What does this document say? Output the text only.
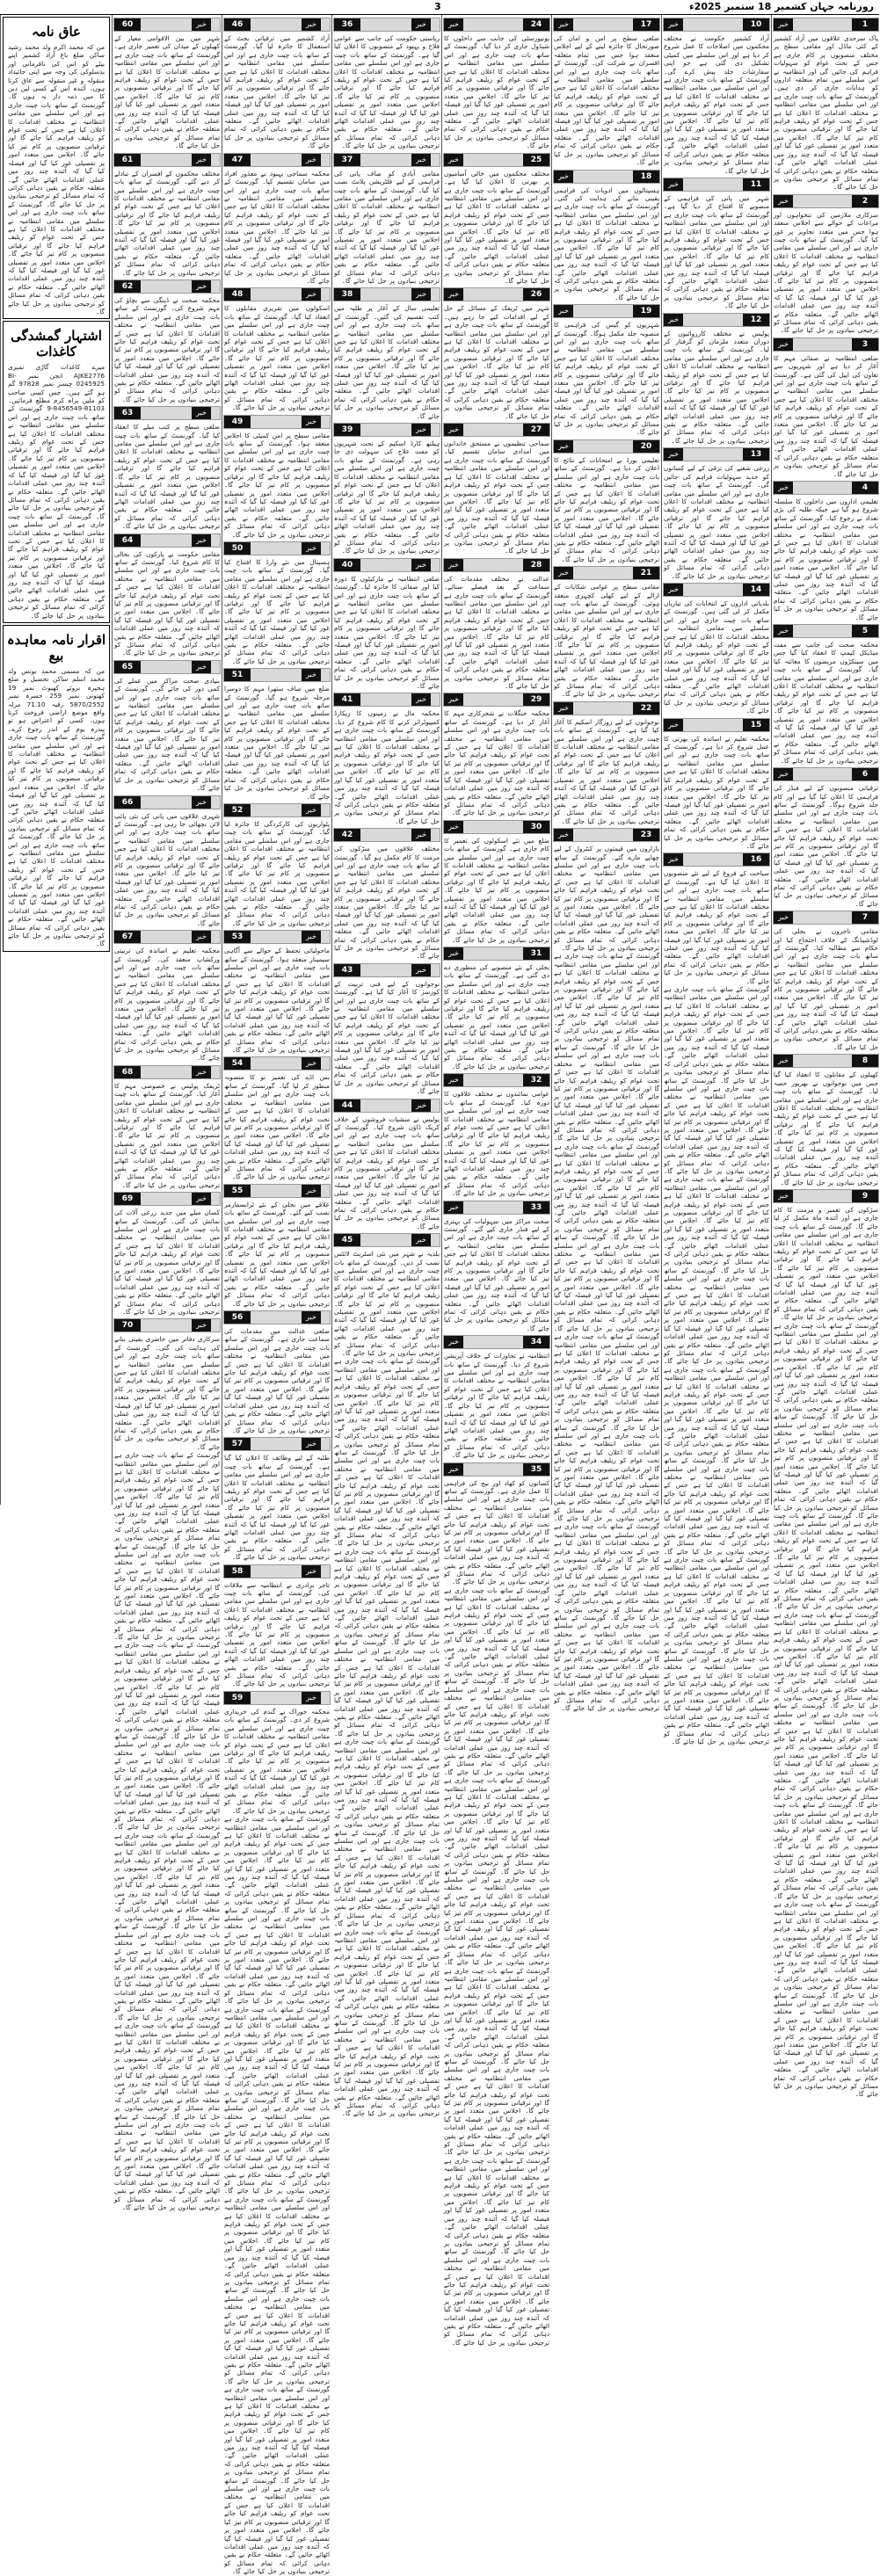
روزنامہ جہان کشمیر 18 ستمبر 2025ء
3
1
خبر
پاک سرحدی علاقوں میں آزاد کشمیر کے کئی ماڈل اور مقامی سطح پر مختلف منصوبوں پر کام جاری ہے جس کے تحت عوام کو سہولیات فراہم کی جائیں گی اور انتظامیہ نے اس سلسلے میں تمام متعلقہ اداروں کو ہدایات جاری کر دی ہیں۔ گورنمنٹ کے ساتھ بات چیت جاری ہے اور اس سلسلے میں مقامی انتظامیہ نے مختلف اقدامات کا اعلان کیا ہے جس کے تحت عوام کو ریلیف فراہم کیا جائے گا اور ترقیاتی منصوبوں پر کام تیز کیا جائے گا۔ اجلاس میں متعدد امور پر تفصیلی غور کیا گیا اور فیصلہ کیا گیا کہ آئندہ چند روز میں عملی اقدامات اٹھائے جائیں گے۔ متعلقہ حکام نے یقین دہانی کرائی کہ تمام مسائل کو ترجیحی بنیادوں پر حل کیا جائے گا۔
2
خبر
سرکاری ملازمین کی تنخواہوں اور مراعات کے حوالے سے اجلاس منعقد ہوا جس میں متعدد تجاویز پر غور کیا گیا۔ گورنمنٹ کے ساتھ بات چیت جاری ہے اور اس سلسلے میں مقامی انتظامیہ نے مختلف اقدامات کا اعلان کیا ہے جس کے تحت عوام کو ریلیف فراہم کیا جائے گا اور ترقیاتی منصوبوں پر کام تیز کیا جائے گا۔ اجلاس میں متعدد امور پر تفصیلی غور کیا گیا اور فیصلہ کیا گیا کہ آئندہ چند روز میں عملی اقدامات اٹھائے جائیں گے۔ متعلقہ حکام نے یقین دہانی کرائی کہ تمام مسائل کو ترجیحی بنیادوں پر حل کیا جائے گا۔
3
خبر
ضلعی انتظامیہ نے صفائی مہم کا آغاز کر دیا ہے اور شہریوں سے تعاون کی اپیل کی گئی ہے۔ گورنمنٹ کے ساتھ بات چیت جاری ہے اور اس سلسلے میں مقامی انتظامیہ نے مختلف اقدامات کا اعلان کیا ہے جس کے تحت عوام کو ریلیف فراہم کیا جائے گا اور ترقیاتی منصوبوں پر کام تیز کیا جائے گا۔ اجلاس میں متعدد امور پر تفصیلی غور کیا گیا اور فیصلہ کیا گیا کہ آئندہ چند روز میں عملی اقدامات اٹھائے جائیں گے۔ متعلقہ حکام نے یقین دہانی کرائی کہ تمام مسائل کو ترجیحی بنیادوں پر حل کیا جائے گا۔
4
خبر
تعلیمی اداروں میں داخلوں کا سلسلہ شروع ہو گیا ہے جبکہ طلبہ کی بڑی تعداد نے رجوع کیا۔ گورنمنٹ کے ساتھ بات چیت جاری ہے اور اس سلسلے میں مقامی انتظامیہ نے مختلف اقدامات کا اعلان کیا ہے جس کے تحت عوام کو ریلیف فراہم کیا جائے گا اور ترقیاتی منصوبوں پر کام تیز کیا جائے گا۔ اجلاس میں متعدد امور پر تفصیلی غور کیا گیا اور فیصلہ کیا گیا کہ آئندہ چند روز میں عملی اقدامات اٹھائے جائیں گے۔ متعلقہ حکام نے یقین دہانی کرائی کہ تمام مسائل کو ترجیحی بنیادوں پر حل کیا جائے گا۔
5
خبر
محکمہ صحت کی جانب سے مفت میڈیکل کیمپ کا انعقاد کیا گیا جس میں سینکڑوں مریضوں کا معائنہ کیا گیا۔ گورنمنٹ کے ساتھ بات چیت جاری ہے اور اس سلسلے میں مقامی انتظامیہ نے مختلف اقدامات کا اعلان کیا ہے جس کے تحت عوام کو ریلیف فراہم کیا جائے گا اور ترقیاتی منصوبوں پر کام تیز کیا جائے گا۔ اجلاس میں متعدد امور پر تفصیلی غور کیا گیا اور فیصلہ کیا گیا کہ آئندہ چند روز میں عملی اقدامات اٹھائے جائیں گے۔ متعلقہ حکام نے یقین دہانی کرائی کہ تمام مسائل کو ترجیحی بنیادوں پر حل کیا جائے گا۔
6
خبر
ترقیاتی منصوبوں کے لیے فنڈز کی فراہمی کا اعلان کیا گیا ہے اور کام جلد شروع ہوگا۔ گورنمنٹ کے ساتھ بات چیت جاری ہے اور اس سلسلے میں مقامی انتظامیہ نے مختلف اقدامات کا اعلان کیا ہے جس کے تحت عوام کو ریلیف فراہم کیا جائے گا اور ترقیاتی منصوبوں پر کام تیز کیا جائے گا۔ اجلاس میں متعدد امور پر تفصیلی غور کیا گیا اور فیصلہ کیا گیا کہ آئندہ چند روز میں عملی اقدامات اٹھائے جائیں گے۔ متعلقہ حکام نے یقین دہانی کرائی کہ تمام مسائل کو ترجیحی بنیادوں پر حل کیا جائے گا۔
7
خبر
مقامی تاجروں نے بجلی کی لوڈشیڈنگ کے خلاف احتجاج کیا اور حکام سے مطالبہ کیا۔ گورنمنٹ کے ساتھ بات چیت جاری ہے اور اس سلسلے میں مقامی انتظامیہ نے مختلف اقدامات کا اعلان کیا ہے جس کے تحت عوام کو ریلیف فراہم کیا جائے گا اور ترقیاتی منصوبوں پر کام تیز کیا جائے گا۔ اجلاس میں متعدد امور پر تفصیلی غور کیا گیا اور فیصلہ کیا گیا کہ آئندہ چند روز میں عملی اقدامات اٹھائے جائیں گے۔ متعلقہ حکام نے یقین دہانی کرائی کہ تمام مسائل کو ترجیحی بنیادوں پر حل کیا جائے گا۔
8
خبر
کھیلوں کے مقابلوں کا انعقاد کیا گیا جس میں نوجوانوں نے بھرپور حصہ لیا۔ گورنمنٹ کے ساتھ بات چیت جاری ہے اور اس سلسلے میں مقامی انتظامیہ نے مختلف اقدامات کا اعلان کیا ہے جس کے تحت عوام کو ریلیف فراہم کیا جائے گا اور ترقیاتی منصوبوں پر کام تیز کیا جائے گا۔ اجلاس میں متعدد امور پر تفصیلی غور کیا گیا اور فیصلہ کیا گیا کہ آئندہ چند روز میں عملی اقدامات اٹھائے جائیں گے۔ متعلقہ حکام نے یقین دہانی کرائی کہ تمام مسائل کو ترجیحی بنیادوں پر حل کیا جائے گا۔
9
خبر
سڑکوں کی تعمیر و مرمت کا کام جاری ہے اور آئندہ ماہ مکمل کر لیا جائے گا۔ گورنمنٹ کے ساتھ بات چیت جاری ہے اور اس سلسلے میں مقامی انتظامیہ نے مختلف اقدامات کا اعلان کیا ہے جس کے تحت عوام کو ریلیف فراہم کیا جائے گا اور ترقیاتی منصوبوں پر کام تیز کیا جائے گا۔ اجلاس میں متعدد امور پر تفصیلی غور کیا گیا اور فیصلہ کیا گیا کہ آئندہ چند روز میں عملی اقدامات اٹھائے جائیں گے۔ متعلقہ حکام نے یقین دہانی کرائی کہ تمام مسائل کو ترجیحی بنیادوں پر حل کیا جائے گا۔
گورنمنٹ کے ساتھ بات چیت جاری ہے اور اس سلسلے میں مقامی انتظامیہ نے مختلف اقدامات کا اعلان کیا ہے جس کے تحت عوام کو ریلیف فراہم کیا جائے گا اور ترقیاتی منصوبوں پر کام تیز کیا جائے گا۔ اجلاس میں متعدد امور پر تفصیلی غور کیا گیا اور فیصلہ کیا گیا کہ آئندہ چند روز میں عملی اقدامات اٹھائے جائیں گے۔ متعلقہ حکام نے یقین دہانی کرائی کہ تمام مسائل کو ترجیحی بنیادوں پر حل کیا جائے گا۔ گورنمنٹ کے ساتھ بات چیت جاری ہے اور اس سلسلے میں مقامی انتظامیہ نے مختلف اقدامات کا اعلان کیا ہے جس کے تحت عوام کو ریلیف فراہم کیا جائے گا اور ترقیاتی منصوبوں پر کام تیز کیا جائے گا۔ اجلاس میں متعدد امور پر تفصیلی غور کیا گیا اور فیصلہ کیا گیا کہ آئندہ چند روز میں عملی اقدامات اٹھائے جائیں گے۔ متعلقہ حکام نے یقین دہانی کرائی کہ تمام مسائل کو ترجیحی بنیادوں پر حل کیا جائے گا۔ گورنمنٹ کے ساتھ بات چیت جاری ہے اور اس سلسلے میں مقامی انتظامیہ نے مختلف اقدامات کا اعلان کیا ہے جس کے تحت عوام کو ریلیف فراہم کیا جائے گا اور ترقیاتی منصوبوں پر کام تیز کیا جائے گا۔ اجلاس میں متعدد امور پر تفصیلی غور کیا گیا اور فیصلہ کیا گیا کہ آئندہ چند روز میں عملی اقدامات اٹھائے جائیں گے۔ متعلقہ حکام نے یقین دہانی کرائی کہ تمام مسائل کو ترجیحی بنیادوں پر حل کیا جائے گا۔ گورنمنٹ کے ساتھ بات چیت جاری ہے اور اس سلسلے میں مقامی انتظامیہ نے مختلف اقدامات کا اعلان کیا ہے جس کے تحت عوام کو ریلیف فراہم کیا جائے گا اور ترقیاتی منصوبوں پر کام تیز کیا جائے گا۔ اجلاس میں متعدد امور پر تفصیلی غور کیا گیا اور فیصلہ کیا گیا کہ آئندہ چند روز میں عملی اقدامات اٹھائے جائیں گے۔ متعلقہ حکام نے یقین دہانی کرائی کہ تمام مسائل کو ترجیحی بنیادوں پر حل کیا جائے گا۔ گورنمنٹ کے ساتھ بات چیت جاری ہے اور اس سلسلے میں مقامی انتظامیہ نے مختلف اقدامات کا اعلان کیا ہے جس کے تحت عوام کو ریلیف فراہم کیا جائے گا اور ترقیاتی منصوبوں پر کام تیز کیا جائے گا۔ اجلاس میں متعدد امور پر تفصیلی غور کیا گیا اور فیصلہ کیا گیا کہ آئندہ چند روز میں عملی اقدامات اٹھائے جائیں گے۔ متعلقہ حکام نے یقین دہانی کرائی کہ تمام مسائل کو ترجیحی بنیادوں پر حل کیا جائے گا۔ گورنمنٹ کے ساتھ بات چیت جاری ہے اور اس سلسلے میں مقامی انتظامیہ نے مختلف اقدامات کا اعلان کیا ہے جس کے تحت عوام کو ریلیف فراہم کیا جائے گا اور ترقیاتی منصوبوں پر کام تیز کیا جائے گا۔ اجلاس میں متعدد امور پر تفصیلی غور کیا گیا اور فیصلہ کیا گیا کہ آئندہ چند روز میں عملی اقدامات اٹھائے جائیں گے۔ متعلقہ حکام نے یقین دہانی کرائی کہ تمام مسائل کو ترجیحی بنیادوں پر حل کیا جائے گا۔ گورنمنٹ کے ساتھ بات چیت جاری ہے اور اس سلسلے میں مقامی انتظامیہ نے مختلف اقدامات کا اعلان کیا ہے جس کے تحت عوام کو ریلیف فراہم کیا جائے گا اور ترقیاتی منصوبوں پر کام تیز کیا جائے گا۔ اجلاس میں متعدد امور پر تفصیلی غور کیا گیا اور فیصلہ کیا گیا کہ آئندہ چند روز میں عملی اقدامات اٹھائے جائیں گے۔ متعلقہ حکام نے یقین دہانی کرائی کہ تمام مسائل کو ترجیحی بنیادوں پر حل کیا جائے گا۔ گورنمنٹ کے ساتھ بات چیت جاری ہے اور اس سلسلے میں مقامی انتظامیہ نے مختلف اقدامات کا اعلان کیا ہے جس کے تحت عوام کو ریلیف فراہم کیا جائے گا اور ترقیاتی منصوبوں پر کام تیز کیا جائے گا۔ اجلاس میں متعدد امور پر تفصیلی غور کیا گیا اور فیصلہ کیا گیا کہ آئندہ چند روز میں عملی اقدامات اٹھائے جائیں گے۔ متعلقہ حکام نے یقین دہانی کرائی کہ تمام مسائل کو ترجیحی بنیادوں پر حل کیا جائے گا۔
10
خبر
آزاد کشمیر حکومت نے مختلف محکموں میں اصلاحات کا عمل شروع کر دیا ہے اور اس سلسلے میں کمیٹی تشکیل دی گئی ہے جو اپنی سفارشات جلد پیش کرے گی۔ گورنمنٹ کے ساتھ بات چیت جاری ہے اور اس سلسلے میں مقامی انتظامیہ نے مختلف اقدامات کا اعلان کیا ہے جس کے تحت عوام کو ریلیف فراہم کیا جائے گا اور ترقیاتی منصوبوں پر کام تیز کیا جائے گا۔ اجلاس میں متعدد امور پر تفصیلی غور کیا گیا اور فیصلہ کیا گیا کہ آئندہ چند روز میں عملی اقدامات اٹھائے جائیں گے۔ متعلقہ حکام نے یقین دہانی کرائی کہ تمام مسائل کو ترجیحی بنیادوں پر حل کیا جائے گا۔
11
خبر
شہر میں پانی کی فراہمی کے منصوبے کا افتتاح کر دیا گیا ہے۔ گورنمنٹ کے ساتھ بات چیت جاری ہے اور اس سلسلے میں مقامی انتظامیہ نے مختلف اقدامات کا اعلان کیا ہے جس کے تحت عوام کو ریلیف فراہم کیا جائے گا اور ترقیاتی منصوبوں پر کام تیز کیا جائے گا۔ اجلاس میں متعدد امور پر تفصیلی غور کیا گیا اور فیصلہ کیا گیا کہ آئندہ چند روز میں عملی اقدامات اٹھائے جائیں گے۔ متعلقہ حکام نے یقین دہانی کرائی کہ تمام مسائل کو ترجیحی بنیادوں پر حل کیا جائے گا۔
12
خبر
پولیس نے مختلف کارروائیوں کے دوران متعدد ملزمان کو گرفتار کر لیا۔ گورنمنٹ کے ساتھ بات چیت جاری ہے اور اس سلسلے میں مقامی انتظامیہ نے مختلف اقدامات کا اعلان کیا ہے جس کے تحت عوام کو ریلیف فراہم کیا جائے گا اور ترقیاتی منصوبوں پر کام تیز کیا جائے گا۔ اجلاس میں متعدد امور پر تفصیلی غور کیا گیا اور فیصلہ کیا گیا کہ آئندہ چند روز میں عملی اقدامات اٹھائے جائیں گے۔ متعلقہ حکام نے یقین دہانی کرائی کہ تمام مسائل کو ترجیحی بنیادوں پر حل کیا جائے گا۔
13
خبر
زرعی شعبے کی ترقی کے لیے کسانوں کو جدید سہولیات فراہم کی جائیں گی۔ گورنمنٹ کے ساتھ بات چیت جاری ہے اور اس سلسلے میں مقامی انتظامیہ نے مختلف اقدامات کا اعلان کیا ہے جس کے تحت عوام کو ریلیف فراہم کیا جائے گا اور ترقیاتی منصوبوں پر کام تیز کیا جائے گا۔ اجلاس میں متعدد امور پر تفصیلی غور کیا گیا اور فیصلہ کیا گیا کہ آئندہ چند روز میں عملی اقدامات اٹھائے جائیں گے۔ متعلقہ حکام نے یقین دہانی کرائی کہ تمام مسائل کو ترجیحی بنیادوں پر حل کیا جائے گا۔
14
خبر
بلدیاتی اداروں کے انتخابات کی تیاریاں مکمل کر لی گئی ہیں۔ گورنمنٹ کے ساتھ بات چیت جاری ہے اور اس سلسلے میں مقامی انتظامیہ نے مختلف اقدامات کا اعلان کیا ہے جس کے تحت عوام کو ریلیف فراہم کیا جائے گا اور ترقیاتی منصوبوں پر کام تیز کیا جائے گا۔ اجلاس میں متعدد امور پر تفصیلی غور کیا گیا اور فیصلہ کیا گیا کہ آئندہ چند روز میں عملی اقدامات اٹھائے جائیں گے۔ متعلقہ حکام نے یقین دہانی کرائی کہ تمام مسائل کو ترجیحی بنیادوں پر حل کیا جائے گا۔
15
خبر
محکمہ تعلیم نے اساتذہ کی بھرتی کا عمل شروع کر دیا ہے۔ گورنمنٹ کے ساتھ بات چیت جاری ہے اور اس سلسلے میں مقامی انتظامیہ نے مختلف اقدامات کا اعلان کیا ہے جس کے تحت عوام کو ریلیف فراہم کیا جائے گا اور ترقیاتی منصوبوں پر کام تیز کیا جائے گا۔ اجلاس میں متعدد امور پر تفصیلی غور کیا گیا اور فیصلہ کیا گیا کہ آئندہ چند روز میں عملی اقدامات اٹھائے جائیں گے۔ متعلقہ حکام نے یقین دہانی کرائی کہ تمام مسائل کو ترجیحی بنیادوں پر حل کیا جائے گا۔
16
خبر
سیاحت کے فروغ کے لیے نئے منصوبوں کا اعلان کیا گیا ہے۔ گورنمنٹ کے ساتھ بات چیت جاری ہے اور اس سلسلے میں مقامی انتظامیہ نے مختلف اقدامات کا اعلان کیا ہے جس کے تحت عوام کو ریلیف فراہم کیا جائے گا اور ترقیاتی منصوبوں پر کام تیز کیا جائے گا۔ اجلاس میں متعدد امور پر تفصیلی غور کیا گیا اور فیصلہ کیا گیا کہ آئندہ چند روز میں عملی اقدامات اٹھائے جائیں گے۔ متعلقہ حکام نے یقین دہانی کرائی کہ تمام مسائل کو ترجیحی بنیادوں پر حل کیا جائے گا۔
گورنمنٹ کے ساتھ بات چیت جاری ہے اور اس سلسلے میں مقامی انتظامیہ نے مختلف اقدامات کا اعلان کیا ہے جس کے تحت عوام کو ریلیف فراہم کیا جائے گا اور ترقیاتی منصوبوں پر کام تیز کیا جائے گا۔ اجلاس میں متعدد امور پر تفصیلی غور کیا گیا اور فیصلہ کیا گیا کہ آئندہ چند روز میں عملی اقدامات اٹھائے جائیں گے۔ متعلقہ حکام نے یقین دہانی کرائی کہ تمام مسائل کو ترجیحی بنیادوں پر حل کیا جائے گا۔ گورنمنٹ کے ساتھ بات چیت جاری ہے اور اس سلسلے میں مقامی انتظامیہ نے مختلف اقدامات کا اعلان کیا ہے جس کے تحت عوام کو ریلیف فراہم کیا جائے گا اور ترقیاتی منصوبوں پر کام تیز کیا جائے گا۔ اجلاس میں متعدد امور پر تفصیلی غور کیا گیا اور فیصلہ کیا گیا کہ آئندہ چند روز میں عملی اقدامات اٹھائے جائیں گے۔ متعلقہ حکام نے یقین دہانی کرائی کہ تمام مسائل کو ترجیحی بنیادوں پر حل کیا جائے گا۔ گورنمنٹ کے ساتھ بات چیت جاری ہے اور اس سلسلے میں مقامی انتظامیہ نے مختلف اقدامات کا اعلان کیا ہے جس کے تحت عوام کو ریلیف فراہم کیا جائے گا اور ترقیاتی منصوبوں پر کام تیز کیا جائے گا۔ اجلاس میں متعدد امور پر تفصیلی غور کیا گیا اور فیصلہ کیا گیا کہ آئندہ چند روز میں عملی اقدامات اٹھائے جائیں گے۔ متعلقہ حکام نے یقین دہانی کرائی کہ تمام مسائل کو ترجیحی بنیادوں پر حل کیا جائے گا۔ گورنمنٹ کے ساتھ بات چیت جاری ہے اور اس سلسلے میں مقامی انتظامیہ نے مختلف اقدامات کا اعلان کیا ہے جس کے تحت عوام کو ریلیف فراہم کیا جائے گا اور ترقیاتی منصوبوں پر کام تیز کیا جائے گا۔ اجلاس میں متعدد امور پر تفصیلی غور کیا گیا اور فیصلہ کیا گیا کہ آئندہ چند روز میں عملی اقدامات اٹھائے جائیں گے۔ متعلقہ حکام نے یقین دہانی کرائی کہ تمام مسائل کو ترجیحی بنیادوں پر حل کیا جائے گا۔ گورنمنٹ کے ساتھ بات چیت جاری ہے اور اس سلسلے میں مقامی انتظامیہ نے مختلف اقدامات کا اعلان کیا ہے جس کے تحت عوام کو ریلیف فراہم کیا جائے گا اور ترقیاتی منصوبوں پر کام تیز کیا جائے گا۔ اجلاس میں متعدد امور پر تفصیلی غور کیا گیا اور فیصلہ کیا گیا کہ آئندہ چند روز میں عملی اقدامات اٹھائے جائیں گے۔ متعلقہ حکام نے یقین دہانی کرائی کہ تمام مسائل کو ترجیحی بنیادوں پر حل کیا جائے گا۔ گورنمنٹ کے ساتھ بات چیت جاری ہے اور اس سلسلے میں مقامی انتظامیہ نے مختلف اقدامات کا اعلان کیا ہے جس کے تحت عوام کو ریلیف فراہم کیا جائے گا اور ترقیاتی منصوبوں پر کام تیز کیا جائے گا۔ اجلاس میں متعدد امور پر تفصیلی غور کیا گیا اور فیصلہ کیا گیا کہ آئندہ چند روز میں عملی اقدامات اٹھائے جائیں گے۔ متعلقہ حکام نے یقین دہانی کرائی کہ تمام مسائل کو ترجیحی بنیادوں پر حل کیا جائے گا۔ گورنمنٹ کے ساتھ بات چیت جاری ہے اور اس سلسلے میں مقامی انتظامیہ نے مختلف اقدامات کا اعلان کیا ہے جس کے تحت عوام کو ریلیف فراہم کیا جائے گا اور ترقیاتی منصوبوں پر کام تیز کیا جائے گا۔ اجلاس میں متعدد امور پر تفصیلی غور کیا گیا اور فیصلہ کیا گیا کہ آئندہ چند روز میں عملی اقدامات اٹھائے جائیں گے۔ متعلقہ حکام نے یقین دہانی کرائی کہ تمام مسائل کو ترجیحی بنیادوں پر حل کیا جائے گا۔ گورنمنٹ کے ساتھ بات چیت جاری ہے اور اس سلسلے میں مقامی انتظامیہ نے مختلف اقدامات کا اعلان کیا ہے جس کے تحت عوام کو ریلیف فراہم کیا جائے گا اور ترقیاتی منصوبوں پر کام تیز کیا جائے گا۔ اجلاس میں متعدد امور پر تفصیلی غور کیا گیا اور فیصلہ کیا گیا کہ آئندہ چند روز میں عملی اقدامات اٹھائے جائیں گے۔ متعلقہ حکام نے یقین دہانی کرائی کہ تمام مسائل کو ترجیحی بنیادوں پر حل کیا جائے گا۔
17
خبر
ضلعی سطح پر امن و امان کی صورتحال کا جائزہ لینے کے لیے اجلاس منعقد ہوا جس میں تمام متعلقہ افسران نے شرکت کی۔ گورنمنٹ کے ساتھ بات چیت جاری ہے اور اس سلسلے میں مقامی انتظامیہ نے مختلف اقدامات کا اعلان کیا ہے جس کے تحت عوام کو ریلیف فراہم کیا جائے گا اور ترقیاتی منصوبوں پر کام تیز کیا جائے گا۔ اجلاس میں متعدد امور پر تفصیلی غور کیا گیا اور فیصلہ کیا گیا کہ آئندہ چند روز میں عملی اقدامات اٹھائے جائیں گے۔ متعلقہ حکام نے یقین دہانی کرائی کہ تمام مسائل کو ترجیحی بنیادوں پر حل کیا جائے گا۔
18
خبر
ہسپتالوں میں ادویات کی فراہمی یقینی بنانے کی ہدایت کی گئی۔ گورنمنٹ کے ساتھ بات چیت جاری ہے اور اس سلسلے میں مقامی انتظامیہ نے مختلف اقدامات کا اعلان کیا ہے جس کے تحت عوام کو ریلیف فراہم کیا جائے گا اور ترقیاتی منصوبوں پر کام تیز کیا جائے گا۔ اجلاس میں متعدد امور پر تفصیلی غور کیا گیا اور فیصلہ کیا گیا کہ آئندہ چند روز میں عملی اقدامات اٹھائے جائیں گے۔ متعلقہ حکام نے یقین دہانی کرائی کہ تمام مسائل کو ترجیحی بنیادوں پر حل کیا جائے گا۔
19
خبر
شہریوں کو گیس کی فراہمی کا منصوبہ جلد مکمل ہوگا۔ گورنمنٹ کے ساتھ بات چیت جاری ہے اور اس سلسلے میں مقامی انتظامیہ نے مختلف اقدامات کا اعلان کیا ہے جس کے تحت عوام کو ریلیف فراہم کیا جائے گا اور ترقیاتی منصوبوں پر کام تیز کیا جائے گا۔ اجلاس میں متعدد امور پر تفصیلی غور کیا گیا اور فیصلہ کیا گیا کہ آئندہ چند روز میں عملی اقدامات اٹھائے جائیں گے۔ متعلقہ حکام نے یقین دہانی کرائی کہ تمام مسائل کو ترجیحی بنیادوں پر حل کیا جائے گا۔
20
خبر
تعلیمی بورڈ نے امتحانات کے نتائج کا اعلان کر دیا ہے۔ گورنمنٹ کے ساتھ بات چیت جاری ہے اور اس سلسلے میں مقامی انتظامیہ نے مختلف اقدامات کا اعلان کیا ہے جس کے تحت عوام کو ریلیف فراہم کیا جائے گا اور ترقیاتی منصوبوں پر کام تیز کیا جائے گا۔ اجلاس میں متعدد امور پر تفصیلی غور کیا گیا اور فیصلہ کیا گیا کہ آئندہ چند روز میں عملی اقدامات اٹھائے جائیں گے۔ متعلقہ حکام نے یقین دہانی کرائی کہ تمام مسائل کو ترجیحی بنیادوں پر حل کیا جائے گا۔
21
خبر
مقامی سطح پر عوامی شکایات کے ازالے کے لیے کھلی کچہری منعقد ہوئی۔ گورنمنٹ کے ساتھ بات چیت جاری ہے اور اس سلسلے میں مقامی انتظامیہ نے مختلف اقدامات کا اعلان کیا ہے جس کے تحت عوام کو ریلیف فراہم کیا جائے گا اور ترقیاتی منصوبوں پر کام تیز کیا جائے گا۔ اجلاس میں متعدد امور پر تفصیلی غور کیا گیا اور فیصلہ کیا گیا کہ آئندہ چند روز میں عملی اقدامات اٹھائے جائیں گے۔ متعلقہ حکام نے یقین دہانی کرائی کہ تمام مسائل کو ترجیحی بنیادوں پر حل کیا جائے گا۔
22
خبر
نوجوانوں کے لیے روزگار اسکیم کا آغاز کیا گیا ہے۔ گورنمنٹ کے ساتھ بات چیت جاری ہے اور اس سلسلے میں مقامی انتظامیہ نے مختلف اقدامات کا اعلان کیا ہے جس کے تحت عوام کو ریلیف فراہم کیا جائے گا اور ترقیاتی منصوبوں پر کام تیز کیا جائے گا۔ اجلاس میں متعدد امور پر تفصیلی غور کیا گیا اور فیصلہ کیا گیا کہ آئندہ چند روز میں عملی اقدامات اٹھائے جائیں گے۔ متعلقہ حکام نے یقین دہانی کرائی کہ تمام مسائل کو ترجیحی بنیادوں پر حل کیا جائے گا۔
23
خبر
بازاروں میں قیمتوں پر کنٹرول کے لیے چھاپے مارے گئے۔ گورنمنٹ کے ساتھ بات چیت جاری ہے اور اس سلسلے میں مقامی انتظامیہ نے مختلف اقدامات کا اعلان کیا ہے جس کے تحت عوام کو ریلیف فراہم کیا جائے گا اور ترقیاتی منصوبوں پر کام تیز کیا جائے گا۔ اجلاس میں متعدد امور پر تفصیلی غور کیا گیا اور فیصلہ کیا گیا کہ آئندہ چند روز میں عملی اقدامات اٹھائے جائیں گے۔ متعلقہ حکام نے یقین دہانی کرائی کہ تمام مسائل کو ترجیحی بنیادوں پر حل کیا جائے گا۔
گورنمنٹ کے ساتھ بات چیت جاری ہے اور اس سلسلے میں مقامی انتظامیہ نے مختلف اقدامات کا اعلان کیا ہے جس کے تحت عوام کو ریلیف فراہم کیا جائے گا اور ترقیاتی منصوبوں پر کام تیز کیا جائے گا۔ اجلاس میں متعدد امور پر تفصیلی غور کیا گیا اور فیصلہ کیا گیا کہ آئندہ چند روز میں عملی اقدامات اٹھائے جائیں گے۔ متعلقہ حکام نے یقین دہانی کرائی کہ تمام مسائل کو ترجیحی بنیادوں پر حل کیا جائے گا۔ گورنمنٹ کے ساتھ بات چیت جاری ہے اور اس سلسلے میں مقامی انتظامیہ نے مختلف اقدامات کا اعلان کیا ہے جس کے تحت عوام کو ریلیف فراہم کیا جائے گا اور ترقیاتی منصوبوں پر کام تیز کیا جائے گا۔ اجلاس میں متعدد امور پر تفصیلی غور کیا گیا اور فیصلہ کیا گیا کہ آئندہ چند روز میں عملی اقدامات اٹھائے جائیں گے۔ متعلقہ حکام نے یقین دہانی کرائی کہ تمام مسائل کو ترجیحی بنیادوں پر حل کیا جائے گا۔ گورنمنٹ کے ساتھ بات چیت جاری ہے اور اس سلسلے میں مقامی انتظامیہ نے مختلف اقدامات کا اعلان کیا ہے جس کے تحت عوام کو ریلیف فراہم کیا جائے گا اور ترقیاتی منصوبوں پر کام تیز کیا جائے گا۔ اجلاس میں متعدد امور پر تفصیلی غور کیا گیا اور فیصلہ کیا گیا کہ آئندہ چند روز میں عملی اقدامات اٹھائے جائیں گے۔ متعلقہ حکام نے یقین دہانی کرائی کہ تمام مسائل کو ترجیحی بنیادوں پر حل کیا جائے گا۔ گورنمنٹ کے ساتھ بات چیت جاری ہے اور اس سلسلے میں مقامی انتظامیہ نے مختلف اقدامات کا اعلان کیا ہے جس کے تحت عوام کو ریلیف فراہم کیا جائے گا اور ترقیاتی منصوبوں پر کام تیز کیا جائے گا۔ اجلاس میں متعدد امور پر تفصیلی غور کیا گیا اور فیصلہ کیا گیا کہ آئندہ چند روز میں عملی اقدامات اٹھائے جائیں گے۔ متعلقہ حکام نے یقین دہانی کرائی کہ تمام مسائل کو ترجیحی بنیادوں پر حل کیا جائے گا۔ گورنمنٹ کے ساتھ بات چیت جاری ہے اور اس سلسلے میں مقامی انتظامیہ نے مختلف اقدامات کا اعلان کیا ہے جس کے تحت عوام کو ریلیف فراہم کیا جائے گا اور ترقیاتی منصوبوں پر کام تیز کیا جائے گا۔ اجلاس میں متعدد امور پر تفصیلی غور کیا گیا اور فیصلہ کیا گیا کہ آئندہ چند روز میں عملی اقدامات اٹھائے جائیں گے۔ متعلقہ حکام نے یقین دہانی کرائی کہ تمام مسائل کو ترجیحی بنیادوں پر حل کیا جائے گا۔ گورنمنٹ کے ساتھ بات چیت جاری ہے اور اس سلسلے میں مقامی انتظامیہ نے مختلف اقدامات کا اعلان کیا ہے جس کے تحت عوام کو ریلیف فراہم کیا جائے گا اور ترقیاتی منصوبوں پر کام تیز کیا جائے گا۔ اجلاس میں متعدد امور پر تفصیلی غور کیا گیا اور فیصلہ کیا گیا کہ آئندہ چند روز میں عملی اقدامات اٹھائے جائیں گے۔ متعلقہ حکام نے یقین دہانی کرائی کہ تمام مسائل کو ترجیحی بنیادوں پر حل کیا جائے گا۔ گورنمنٹ کے ساتھ بات چیت جاری ہے اور اس سلسلے میں مقامی انتظامیہ نے مختلف اقدامات کا اعلان کیا ہے جس کے تحت عوام کو ریلیف فراہم کیا جائے گا اور ترقیاتی منصوبوں پر کام تیز کیا جائے گا۔ اجلاس میں متعدد امور پر تفصیلی غور کیا گیا اور فیصلہ کیا گیا کہ آئندہ چند روز میں عملی اقدامات اٹھائے جائیں گے۔ متعلقہ حکام نے یقین دہانی کرائی کہ تمام مسائل کو ترجیحی بنیادوں پر حل کیا جائے گا۔ گورنمنٹ کے ساتھ بات چیت جاری ہے اور اس سلسلے میں مقامی انتظامیہ نے مختلف اقدامات کا اعلان کیا ہے جس کے تحت عوام کو ریلیف فراہم کیا جائے گا اور ترقیاتی منصوبوں پر کام تیز کیا جائے گا۔ اجلاس میں متعدد امور پر تفصیلی غور کیا گیا اور فیصلہ کیا گیا کہ آئندہ چند روز میں عملی اقدامات اٹھائے جائیں گے۔ متعلقہ حکام نے یقین دہانی کرائی کہ تمام مسائل کو ترجیحی بنیادوں پر حل کیا جائے گا۔
24
خبر
یونیورسٹی کی جانب سے داخلوں کا شیڈول جاری کر دیا گیا۔ گورنمنٹ کے ساتھ بات چیت جاری ہے اور اس سلسلے میں مقامی انتظامیہ نے مختلف اقدامات کا اعلان کیا ہے جس کے تحت عوام کو ریلیف فراہم کیا جائے گا اور ترقیاتی منصوبوں پر کام تیز کیا جائے گا۔ اجلاس میں متعدد امور پر تفصیلی غور کیا گیا اور فیصلہ کیا گیا کہ آئندہ چند روز میں عملی اقدامات اٹھائے جائیں گے۔ متعلقہ حکام نے یقین دہانی کرائی کہ تمام مسائل کو ترجیحی بنیادوں پر حل کیا جائے گا۔
25
خبر
مختلف محکموں میں خالی آسامیوں پر بھرتی کا اعلان کیا گیا ہے۔ گورنمنٹ کے ساتھ بات چیت جاری ہے اور اس سلسلے میں مقامی انتظامیہ نے مختلف اقدامات کا اعلان کیا ہے جس کے تحت عوام کو ریلیف فراہم کیا جائے گا اور ترقیاتی منصوبوں پر کام تیز کیا جائے گا۔ اجلاس میں متعدد امور پر تفصیلی غور کیا گیا اور فیصلہ کیا گیا کہ آئندہ چند روز میں عملی اقدامات اٹھائے جائیں گے۔ متعلقہ حکام نے یقین دہانی کرائی کہ تمام مسائل کو ترجیحی بنیادوں پر حل کیا جائے گا۔
26
خبر
شہر میں ٹریفک کے مسائل کے حل کے لیے اقدامات کیے جا رہے ہیں۔ گورنمنٹ کے ساتھ بات چیت جاری ہے اور اس سلسلے میں مقامی انتظامیہ نے مختلف اقدامات کا اعلان کیا ہے جس کے تحت عوام کو ریلیف فراہم کیا جائے گا اور ترقیاتی منصوبوں پر کام تیز کیا جائے گا۔ اجلاس میں متعدد امور پر تفصیلی غور کیا گیا اور فیصلہ کیا گیا کہ آئندہ چند روز میں عملی اقدامات اٹھائے جائیں گے۔ متعلقہ حکام نے یقین دہانی کرائی کہ تمام مسائل کو ترجیحی بنیادوں پر حل کیا جائے گا۔
27
خبر
سماجی تنظیموں نے مستحق خاندانوں میں امدادی سامان تقسیم کیا۔ گورنمنٹ کے ساتھ بات چیت جاری ہے اور اس سلسلے میں مقامی انتظامیہ نے مختلف اقدامات کا اعلان کیا ہے جس کے تحت عوام کو ریلیف فراہم کیا جائے گا اور ترقیاتی منصوبوں پر کام تیز کیا جائے گا۔ اجلاس میں متعدد امور پر تفصیلی غور کیا گیا اور فیصلہ کیا گیا کہ آئندہ چند روز میں عملی اقدامات اٹھائے جائیں گے۔ متعلقہ حکام نے یقین دہانی کرائی کہ تمام مسائل کو ترجیحی بنیادوں پر حل کیا جائے گا۔
28
خبر
عدالت نے مختلف مقدمات کی سماعت کے بعد فیصلے سنائے۔ گورنمنٹ کے ساتھ بات چیت جاری ہے اور اس سلسلے میں مقامی انتظامیہ نے مختلف اقدامات کا اعلان کیا ہے جس کے تحت عوام کو ریلیف فراہم کیا جائے گا اور ترقیاتی منصوبوں پر کام تیز کیا جائے گا۔ اجلاس میں متعدد امور پر تفصیلی غور کیا گیا اور فیصلہ کیا گیا کہ آئندہ چند روز میں عملی اقدامات اٹھائے جائیں گے۔ متعلقہ حکام نے یقین دہانی کرائی کہ تمام مسائل کو ترجیحی بنیادوں پر حل کیا جائے گا۔
29
خبر
محکمہ جنگلات نے شجرکاری مہم کا آغاز کر دیا ہے۔ گورنمنٹ کے ساتھ بات چیت جاری ہے اور اس سلسلے میں مقامی انتظامیہ نے مختلف اقدامات کا اعلان کیا ہے جس کے تحت عوام کو ریلیف فراہم کیا جائے گا اور ترقیاتی منصوبوں پر کام تیز کیا جائے گا۔ اجلاس میں متعدد امور پر تفصیلی غور کیا گیا اور فیصلہ کیا گیا کہ آئندہ چند روز میں عملی اقدامات اٹھائے جائیں گے۔ متعلقہ حکام نے یقین دہانی کرائی کہ تمام مسائل کو ترجیحی بنیادوں پر حل کیا جائے گا۔
30
خبر
ضلع میں نئے اسکولوں کی تعمیر کا کام جاری ہے۔ گورنمنٹ کے ساتھ بات چیت جاری ہے اور اس سلسلے میں مقامی انتظامیہ نے مختلف اقدامات کا اعلان کیا ہے جس کے تحت عوام کو ریلیف فراہم کیا جائے گا اور ترقیاتی منصوبوں پر کام تیز کیا جائے گا۔ اجلاس میں متعدد امور پر تفصیلی غور کیا گیا اور فیصلہ کیا گیا کہ آئندہ چند روز میں عملی اقدامات اٹھائے جائیں گے۔ متعلقہ حکام نے یقین دہانی کرائی کہ تمام مسائل کو ترجیحی بنیادوں پر حل کیا جائے گا۔
31
خبر
بجلی کے نئے منصوبے کی منظوری دے دی گئی ہے۔ گورنمنٹ کے ساتھ بات چیت جاری ہے اور اس سلسلے میں مقامی انتظامیہ نے مختلف اقدامات کا اعلان کیا ہے جس کے تحت عوام کو ریلیف فراہم کیا جائے گا اور ترقیاتی منصوبوں پر کام تیز کیا جائے گا۔ اجلاس میں متعدد امور پر تفصیلی غور کیا گیا اور فیصلہ کیا گیا کہ آئندہ چند روز میں عملی اقدامات اٹھائے جائیں گے۔ متعلقہ حکام نے یقین دہانی کرائی کہ تمام مسائل کو ترجیحی بنیادوں پر حل کیا جائے گا۔
32
خبر
عوامی نمائندوں نے مختلف علاقوں کا دورہ کیا۔ گورنمنٹ کے ساتھ بات چیت جاری ہے اور اس سلسلے میں مقامی انتظامیہ نے مختلف اقدامات کا اعلان کیا ہے جس کے تحت عوام کو ریلیف فراہم کیا جائے گا اور ترقیاتی منصوبوں پر کام تیز کیا جائے گا۔ اجلاس میں متعدد امور پر تفصیلی غور کیا گیا اور فیصلہ کیا گیا کہ آئندہ چند روز میں عملی اقدامات اٹھائے جائیں گے۔ متعلقہ حکام نے یقین دہانی کرائی کہ تمام مسائل کو ترجیحی بنیادوں پر حل کیا جائے گا۔
33
خبر
صحت مراکز میں سہولیات کی بہتری کے لیے فنڈز جاری کیے گئے۔ گورنمنٹ کے ساتھ بات چیت جاری ہے اور اس سلسلے میں مقامی انتظامیہ نے مختلف اقدامات کا اعلان کیا ہے جس کے تحت عوام کو ریلیف فراہم کیا جائے گا اور ترقیاتی منصوبوں پر کام تیز کیا جائے گا۔ اجلاس میں متعدد امور پر تفصیلی غور کیا گیا اور فیصلہ کیا گیا کہ آئندہ چند روز میں عملی اقدامات اٹھائے جائیں گے۔ متعلقہ حکام نے یقین دہانی کرائی کہ تمام مسائل کو ترجیحی بنیادوں پر حل کیا جائے گا۔
34
خبر
انتظامیہ نے تجاوزات کے خلاف آپریشن شروع کر دیا۔ گورنمنٹ کے ساتھ بات چیت جاری ہے اور اس سلسلے میں مقامی انتظامیہ نے مختلف اقدامات کا اعلان کیا ہے جس کے تحت عوام کو ریلیف فراہم کیا جائے گا اور ترقیاتی منصوبوں پر کام تیز کیا جائے گا۔ اجلاس میں متعدد امور پر تفصیلی غور کیا گیا اور فیصلہ کیا گیا کہ آئندہ چند روز میں عملی اقدامات اٹھائے جائیں گے۔ متعلقہ حکام نے یقین دہانی کرائی کہ تمام مسائل کو ترجیحی بنیادوں پر حل کیا جائے گا۔
35
خبر
کسانوں کو کھاد اور بیج کی فراہمی کا عمل جاری ہے۔ گورنمنٹ کے ساتھ بات چیت جاری ہے اور اس سلسلے میں مقامی انتظامیہ نے مختلف اقدامات کا اعلان کیا ہے جس کے تحت عوام کو ریلیف فراہم کیا جائے گا اور ترقیاتی منصوبوں پر کام تیز کیا جائے گا۔ اجلاس میں متعدد امور پر تفصیلی غور کیا گیا اور فیصلہ کیا گیا کہ آئندہ چند روز میں عملی اقدامات اٹھائے جائیں گے۔ متعلقہ حکام نے یقین دہانی کرائی کہ تمام مسائل کو ترجیحی بنیادوں پر حل کیا جائے گا۔
گورنمنٹ کے ساتھ بات چیت جاری ہے اور اس سلسلے میں مقامی انتظامیہ نے مختلف اقدامات کا اعلان کیا ہے جس کے تحت عوام کو ریلیف فراہم کیا جائے گا اور ترقیاتی منصوبوں پر کام تیز کیا جائے گا۔ اجلاس میں متعدد امور پر تفصیلی غور کیا گیا اور فیصلہ کیا گیا کہ آئندہ چند روز میں عملی اقدامات اٹھائے جائیں گے۔ متعلقہ حکام نے یقین دہانی کرائی کہ تمام مسائل کو ترجیحی بنیادوں پر حل کیا جائے گا۔ گورنمنٹ کے ساتھ بات چیت جاری ہے اور اس سلسلے میں مقامی انتظامیہ نے مختلف اقدامات کا اعلان کیا ہے جس کے تحت عوام کو ریلیف فراہم کیا جائے گا اور ترقیاتی منصوبوں پر کام تیز کیا جائے گا۔ اجلاس میں متعدد امور پر تفصیلی غور کیا گیا اور فیصلہ کیا گیا کہ آئندہ چند روز میں عملی اقدامات اٹھائے جائیں گے۔ متعلقہ حکام نے یقین دہانی کرائی کہ تمام مسائل کو ترجیحی بنیادوں پر حل کیا جائے گا۔ گورنمنٹ کے ساتھ بات چیت جاری ہے اور اس سلسلے میں مقامی انتظامیہ نے مختلف اقدامات کا اعلان کیا ہے جس کے تحت عوام کو ریلیف فراہم کیا جائے گا اور ترقیاتی منصوبوں پر کام تیز کیا جائے گا۔ اجلاس میں متعدد امور پر تفصیلی غور کیا گیا اور فیصلہ کیا گیا کہ آئندہ چند روز میں عملی اقدامات اٹھائے جائیں گے۔ متعلقہ حکام نے یقین دہانی کرائی کہ تمام مسائل کو ترجیحی بنیادوں پر حل کیا جائے گا۔ گورنمنٹ کے ساتھ بات چیت جاری ہے اور اس سلسلے میں مقامی انتظامیہ نے مختلف اقدامات کا اعلان کیا ہے جس کے تحت عوام کو ریلیف فراہم کیا جائے گا اور ترقیاتی منصوبوں پر کام تیز کیا جائے گا۔ اجلاس میں متعدد امور پر تفصیلی غور کیا گیا اور فیصلہ کیا گیا کہ آئندہ چند روز میں عملی اقدامات اٹھائے جائیں گے۔ متعلقہ حکام نے یقین دہانی کرائی کہ تمام مسائل کو ترجیحی بنیادوں پر حل کیا جائے گا۔ گورنمنٹ کے ساتھ بات چیت جاری ہے اور اس سلسلے میں مقامی انتظامیہ نے مختلف اقدامات کا اعلان کیا ہے جس کے تحت عوام کو ریلیف فراہم کیا جائے گا اور ترقیاتی منصوبوں پر کام تیز کیا جائے گا۔ اجلاس میں متعدد امور پر تفصیلی غور کیا گیا اور فیصلہ کیا گیا کہ آئندہ چند روز میں عملی اقدامات اٹھائے جائیں گے۔ متعلقہ حکام نے یقین دہانی کرائی کہ تمام مسائل کو ترجیحی بنیادوں پر حل کیا جائے گا۔ گورنمنٹ کے ساتھ بات چیت جاری ہے اور اس سلسلے میں مقامی انتظامیہ نے مختلف اقدامات کا اعلان کیا ہے جس کے تحت عوام کو ریلیف فراہم کیا جائے گا اور ترقیاتی منصوبوں پر کام تیز کیا جائے گا۔ اجلاس میں متعدد امور پر تفصیلی غور کیا گیا اور فیصلہ کیا گیا کہ آئندہ چند روز میں عملی اقدامات اٹھائے جائیں گے۔ متعلقہ حکام نے یقین دہانی کرائی کہ تمام مسائل کو ترجیحی بنیادوں پر حل کیا جائے گا۔ گورنمنٹ کے ساتھ بات چیت جاری ہے اور اس سلسلے میں مقامی انتظامیہ نے مختلف اقدامات کا اعلان کیا ہے جس کے تحت عوام کو ریلیف فراہم کیا جائے گا اور ترقیاتی منصوبوں پر کام تیز کیا جائے گا۔ اجلاس میں متعدد امور پر تفصیلی غور کیا گیا اور فیصلہ کیا گیا کہ آئندہ چند روز میں عملی اقدامات اٹھائے جائیں گے۔ متعلقہ حکام نے یقین دہانی کرائی کہ تمام مسائل کو ترجیحی بنیادوں پر حل کیا جائے گا۔ گورنمنٹ کے ساتھ بات چیت جاری ہے اور اس سلسلے میں مقامی انتظامیہ نے مختلف اقدامات کا اعلان کیا ہے جس کے تحت عوام کو ریلیف فراہم کیا جائے گا اور ترقیاتی منصوبوں پر کام تیز کیا جائے گا۔ اجلاس میں متعدد امور پر تفصیلی غور کیا گیا اور فیصلہ کیا گیا کہ آئندہ چند روز میں عملی اقدامات اٹھائے جائیں گے۔ متعلقہ حکام نے یقین دہانی کرائی کہ تمام مسائل کو ترجیحی بنیادوں پر حل کیا جائے گا۔
36	خبر
ریاستی حکومت کی جانب سے عوامی فلاح و بہبود کے منصوبوں کا اعلان کیا گیا ہے۔ گورنمنٹ کے ساتھ بات چیت جاری ہے اور اس سلسلے میں مقامی انتظامیہ نے مختلف اقدامات کا اعلان کیا ہے جس کے تحت عوام کو ریلیف فراہم کیا جائے گا اور ترقیاتی منصوبوں پر کام تیز کیا جائے گا۔ اجلاس میں متعدد امور پر تفصیلی غور کیا گیا اور فیصلہ کیا گیا کہ آئندہ چند روز میں عملی اقدامات اٹھائے جائیں گے۔ متعلقہ حکام نے یقین دہانی کرائی کہ تمام مسائل کو ترجیحی بنیادوں پر حل کیا جائے گا۔
37	خبر
مقامی آبادی کو صاف پانی کی فراہمی کے لیے فلٹریشن پلانٹ نصب کیا گیا۔ گورنمنٹ کے ساتھ بات چیت جاری ہے اور اس سلسلے میں مقامی انتظامیہ نے مختلف اقدامات کا اعلان کیا ہے جس کے تحت عوام کو ریلیف فراہم کیا جائے گا اور ترقیاتی منصوبوں پر کام تیز کیا جائے گا۔ اجلاس میں متعدد امور پر تفصیلی غور کیا گیا اور فیصلہ کیا گیا کہ آئندہ چند روز میں عملی اقدامات اٹھائے جائیں گے۔ متعلقہ حکام نے یقین دہانی کرائی کہ تمام مسائل کو ترجیحی بنیادوں پر حل کیا جائے گا۔
38	خبر
تعلیمی سال کے آغاز پر طلبہ میں کتب تقسیم کی گئیں۔ گورنمنٹ کے ساتھ بات چیت جاری ہے اور اس سلسلے میں مقامی انتظامیہ نے مختلف اقدامات کا اعلان کیا ہے جس کے تحت عوام کو ریلیف فراہم کیا جائے گا اور ترقیاتی منصوبوں پر کام تیز کیا جائے گا۔ اجلاس میں متعدد امور پر تفصیلی غور کیا گیا اور فیصلہ کیا گیا کہ آئندہ چند روز میں عملی اقدامات اٹھائے جائیں گے۔ متعلقہ حکام نے یقین دہانی کرائی کہ تمام مسائل کو ترجیحی بنیادوں پر حل کیا جائے گا۔
39	خبر
ہیلتھ کارڈ اسکیم کے تحت شہریوں کو مفت علاج کی سہولت دی جا رہی ہے۔ گورنمنٹ کے ساتھ بات چیت جاری ہے اور اس سلسلے میں مقامی انتظامیہ نے مختلف اقدامات کا اعلان کیا ہے جس کے تحت عوام کو ریلیف فراہم کیا جائے گا اور ترقیاتی منصوبوں پر کام تیز کیا جائے گا۔ اجلاس میں متعدد امور پر تفصیلی غور کیا گیا اور فیصلہ کیا گیا کہ آئندہ چند روز میں عملی اقدامات اٹھائے جائیں گے۔ متعلقہ حکام نے یقین دہانی کرائی کہ تمام مسائل کو ترجیحی بنیادوں پر حل کیا جائے گا۔
40	خبر
ضلعی انتظامیہ نے مارکیٹوں کا دورہ کیا اور صفائی کا جائزہ لیا۔ گورنمنٹ کے ساتھ بات چیت جاری ہے اور اس سلسلے میں مقامی انتظامیہ نے مختلف اقدامات کا اعلان کیا ہے جس کے تحت عوام کو ریلیف فراہم کیا جائے گا اور ترقیاتی منصوبوں پر کام تیز کیا جائے گا۔ اجلاس میں متعدد امور پر تفصیلی غور کیا گیا اور فیصلہ کیا گیا کہ آئندہ چند روز میں عملی اقدامات اٹھائے جائیں گے۔ متعلقہ حکام نے یقین دہانی کرائی کہ تمام مسائل کو ترجیحی بنیادوں پر حل کیا جائے گا۔
41	خبر
محکمہ مال نے زمینوں کا ریکارڈ کمپیوٹرائز کرنے کا کام شروع کر دیا۔ گورنمنٹ کے ساتھ بات چیت جاری ہے اور اس سلسلے میں مقامی انتظامیہ نے مختلف اقدامات کا اعلان کیا ہے جس کے تحت عوام کو ریلیف فراہم کیا جائے گا اور ترقیاتی منصوبوں پر کام تیز کیا جائے گا۔ اجلاس میں متعدد امور پر تفصیلی غور کیا گیا اور فیصلہ کیا گیا کہ آئندہ چند روز میں عملی اقدامات اٹھائے جائیں گے۔ متعلقہ حکام نے یقین دہانی کرائی کہ تمام مسائل کو ترجیحی بنیادوں پر حل کیا جائے گا۔
42	خبر
مختلف علاقوں میں سڑکوں کی مرمت کا کام مکمل ہو گیا۔ گورنمنٹ کے ساتھ بات چیت جاری ہے اور اس سلسلے میں مقامی انتظامیہ نے مختلف اقدامات کا اعلان کیا ہے جس کے تحت عوام کو ریلیف فراہم کیا جائے گا اور ترقیاتی منصوبوں پر کام تیز کیا جائے گا۔ اجلاس میں متعدد امور پر تفصیلی غور کیا گیا اور فیصلہ کیا گیا کہ آئندہ چند روز میں عملی اقدامات اٹھائے جائیں گے۔ متعلقہ حکام نے یقین دہانی کرائی کہ تمام مسائل کو ترجیحی بنیادوں پر حل کیا جائے گا۔
43	خبر
نوجوانوں کے لیے فنی تربیت کے کورسز کا آغاز کیا گیا ہے۔ گورنمنٹ کے ساتھ بات چیت جاری ہے اور اس سلسلے میں مقامی انتظامیہ نے مختلف اقدامات کا اعلان کیا ہے جس کے تحت عوام کو ریلیف فراہم کیا جائے گا اور ترقیاتی منصوبوں پر کام تیز کیا جائے گا۔ اجلاس میں متعدد امور پر تفصیلی غور کیا گیا اور فیصلہ کیا گیا کہ آئندہ چند روز میں عملی اقدامات اٹھائے جائیں گے۔ متعلقہ حکام نے یقین دہانی کرائی کہ تمام مسائل کو ترجیحی بنیادوں پر حل کیا جائے گا۔
44	خبر
پولیس نے منشیات فروشوں کے خلاف کریک ڈاؤن شروع کیا۔ گورنمنٹ کے ساتھ بات چیت جاری ہے اور اس سلسلے میں مقامی انتظامیہ نے مختلف اقدامات کا اعلان کیا ہے جس کے تحت عوام کو ریلیف فراہم کیا جائے گا اور ترقیاتی منصوبوں پر کام تیز کیا جائے گا۔ اجلاس میں متعدد امور پر تفصیلی غور کیا گیا اور فیصلہ کیا گیا کہ آئندہ چند روز میں عملی اقدامات اٹھائے جائیں گے۔ متعلقہ حکام نے یقین دہانی کرائی کہ تمام مسائل کو ترجیحی بنیادوں پر حل کیا جائے گا۔
45	خبر
بلدیہ نے شہر میں نئی اسٹریٹ لائٹس نصب کر دیں۔ گورنمنٹ کے ساتھ بات چیت جاری ہے اور اس سلسلے میں مقامی انتظامیہ نے مختلف اقدامات کا اعلان کیا ہے جس کے تحت عوام کو ریلیف فراہم کیا جائے گا اور ترقیاتی منصوبوں پر کام تیز کیا جائے گا۔ اجلاس میں متعدد امور پر تفصیلی غور کیا گیا اور فیصلہ کیا گیا کہ آئندہ چند روز میں عملی اقدامات اٹھائے جائیں گے۔ متعلقہ حکام نے یقین دہانی کرائی کہ تمام مسائل کو ترجیحی بنیادوں پر حل کیا جائے گا۔
گورنمنٹ کے ساتھ بات چیت جاری ہے اور اس سلسلے میں مقامی انتظامیہ نے مختلف اقدامات کا اعلان کیا ہے جس کے تحت عوام کو ریلیف فراہم کیا جائے گا اور ترقیاتی منصوبوں پر کام تیز کیا جائے گا۔ اجلاس میں متعدد امور پر تفصیلی غور کیا گیا اور فیصلہ کیا گیا کہ آئندہ چند روز میں عملی اقدامات اٹھائے جائیں گے۔ متعلقہ حکام نے یقین دہانی کرائی کہ تمام مسائل کو ترجیحی بنیادوں پر حل کیا جائے گا۔ گورنمنٹ کے ساتھ بات چیت جاری ہے اور اس سلسلے میں مقامی انتظامیہ نے مختلف اقدامات کا اعلان کیا ہے جس کے تحت عوام کو ریلیف فراہم کیا جائے گا اور ترقیاتی منصوبوں پر کام تیز کیا جائے گا۔ اجلاس میں متعدد امور پر تفصیلی غور کیا گیا اور فیصلہ کیا گیا کہ آئندہ چند روز میں عملی اقدامات اٹھائے جائیں گے۔ متعلقہ حکام نے یقین دہانی کرائی کہ تمام مسائل کو ترجیحی بنیادوں پر حل کیا جائے گا۔ گورنمنٹ کے ساتھ بات چیت جاری ہے اور اس سلسلے میں مقامی انتظامیہ نے مختلف اقدامات کا اعلان کیا ہے جس کے تحت عوام کو ریلیف فراہم کیا جائے گا اور ترقیاتی منصوبوں پر کام تیز کیا جائے گا۔ اجلاس میں متعدد امور پر تفصیلی غور کیا گیا اور فیصلہ کیا گیا کہ آئندہ چند روز میں عملی اقدامات اٹھائے جائیں گے۔ متعلقہ حکام نے یقین دہانی کرائی کہ تمام مسائل کو ترجیحی بنیادوں پر حل کیا جائے گا۔ گورنمنٹ کے ساتھ بات چیت جاری ہے اور اس سلسلے میں مقامی انتظامیہ نے مختلف اقدامات کا اعلان کیا ہے جس کے تحت عوام کو ریلیف فراہم کیا جائے گا اور ترقیاتی منصوبوں پر کام تیز کیا جائے گا۔ اجلاس میں متعدد امور پر تفصیلی غور کیا گیا اور فیصلہ کیا گیا کہ آئندہ چند روز میں عملی اقدامات اٹھائے جائیں گے۔ متعلقہ حکام نے یقین دہانی کرائی کہ تمام مسائل کو ترجیحی بنیادوں پر حل کیا جائے گا۔ گورنمنٹ کے ساتھ بات چیت جاری ہے اور اس سلسلے میں مقامی انتظامیہ نے مختلف اقدامات کا اعلان کیا ہے جس کے تحت عوام کو ریلیف فراہم کیا جائے گا اور ترقیاتی منصوبوں پر کام تیز کیا جائے گا۔ اجلاس میں متعدد امور پر تفصیلی غور کیا گیا اور فیصلہ کیا گیا کہ آئندہ چند روز میں عملی اقدامات اٹھائے جائیں گے۔ متعلقہ حکام نے یقین دہانی کرائی کہ تمام مسائل کو ترجیحی بنیادوں پر حل کیا جائے گا۔ گورنمنٹ کے ساتھ بات چیت جاری ہے اور اس سلسلے میں مقامی انتظامیہ نے مختلف اقدامات کا اعلان کیا ہے جس کے تحت عوام کو ریلیف فراہم کیا جائے گا اور ترقیاتی منصوبوں پر کام تیز کیا جائے گا۔ اجلاس میں متعدد امور پر تفصیلی غور کیا گیا اور فیصلہ کیا گیا کہ آئندہ چند روز میں عملی اقدامات اٹھائے جائیں گے۔ متعلقہ حکام نے یقین دہانی کرائی کہ تمام مسائل کو ترجیحی بنیادوں پر حل کیا جائے گا۔ گورنمنٹ کے ساتھ بات چیت جاری ہے اور اس سلسلے میں مقامی انتظامیہ نے مختلف اقدامات کا اعلان کیا ہے جس کے تحت عوام کو ریلیف فراہم کیا جائے گا اور ترقیاتی منصوبوں پر کام تیز کیا جائے گا۔ اجلاس میں متعدد امور پر تفصیلی غور کیا گیا اور فیصلہ کیا گیا کہ آئندہ چند روز میں عملی اقدامات اٹھائے جائیں گے۔ متعلقہ حکام نے یقین دہانی کرائی کہ تمام مسائل کو ترجیحی بنیادوں پر حل کیا جائے گا۔ گورنمنٹ کے ساتھ بات چیت جاری ہے اور اس سلسلے میں مقامی انتظامیہ نے مختلف اقدامات کا اعلان کیا ہے جس کے تحت عوام کو ریلیف فراہم کیا جائے گا اور ترقیاتی منصوبوں پر کام تیز کیا جائے گا۔ اجلاس میں متعدد امور پر تفصیلی غور کیا گیا اور فیصلہ کیا گیا کہ آئندہ چند روز میں عملی اقدامات اٹھائے جائیں گے۔ متعلقہ حکام نے یقین دہانی کرائی کہ تمام مسائل کو ترجیحی بنیادوں پر حل کیا جائے گا۔
46	خبر
آزاد کشمیر میں ترقیاتی بجٹ کے استعمال کا جائزہ لیا گیا۔ گورنمنٹ کے ساتھ بات چیت جاری ہے اور اس سلسلے میں مقامی انتظامیہ نے مختلف اقدامات کا اعلان کیا ہے جس کے تحت عوام کو ریلیف فراہم کیا جائے گا اور ترقیاتی منصوبوں پر کام تیز کیا جائے گا۔ اجلاس میں متعدد امور پر تفصیلی غور کیا گیا اور فیصلہ کیا گیا کہ آئندہ چند روز میں عملی اقدامات اٹھائے جائیں گے۔ متعلقہ حکام نے یقین دہانی کرائی کہ تمام مسائل کو ترجیحی بنیادوں پر حل کیا جائے گا۔
47	خبر
محکمہ سماجی بہبود نے معذور افراد میں سامان تقسیم کیا۔ گورنمنٹ کے ساتھ بات چیت جاری ہے اور اس سلسلے میں مقامی انتظامیہ نے مختلف اقدامات کا اعلان کیا ہے جس کے تحت عوام کو ریلیف فراہم کیا جائے گا اور ترقیاتی منصوبوں پر کام تیز کیا جائے گا۔ اجلاس میں متعدد امور پر تفصیلی غور کیا گیا اور فیصلہ کیا گیا کہ آئندہ چند روز میں عملی اقدامات اٹھائے جائیں گے۔ متعلقہ حکام نے یقین دہانی کرائی کہ تمام مسائل کو ترجیحی بنیادوں پر حل کیا جائے گا۔
48	خبر
اسکولوں میں تقریری مقابلوں کا انعقاد کیا گیا۔ گورنمنٹ کے ساتھ بات چیت جاری ہے اور اس سلسلے میں مقامی انتظامیہ نے مختلف اقدامات کا اعلان کیا ہے جس کے تحت عوام کو ریلیف فراہم کیا جائے گا اور ترقیاتی منصوبوں پر کام تیز کیا جائے گا۔ اجلاس میں متعدد امور پر تفصیلی غور کیا گیا اور فیصلہ کیا گیا کہ آئندہ چند روز میں عملی اقدامات اٹھائے جائیں گے۔ متعلقہ حکام نے یقین دہانی کرائی کہ تمام مسائل کو ترجیحی بنیادوں پر حل کیا جائے گا۔
49	خبر
مقامی سطح پر امن کمیٹی کا اجلاس منعقد ہوا۔ گورنمنٹ کے ساتھ بات چیت جاری ہے اور اس سلسلے میں مقامی انتظامیہ نے مختلف اقدامات کا اعلان کیا ہے جس کے تحت عوام کو ریلیف فراہم کیا جائے گا اور ترقیاتی منصوبوں پر کام تیز کیا جائے گا۔ اجلاس میں متعدد امور پر تفصیلی غور کیا گیا اور فیصلہ کیا گیا کہ آئندہ چند روز میں عملی اقدامات اٹھائے جائیں گے۔ متعلقہ حکام نے یقین دہانی کرائی کہ تمام مسائل کو ترجیحی بنیادوں پر حل کیا جائے گا۔
50	خبر
ہسپتال میں نئے وارڈ کا افتتاح کیا گیا۔ گورنمنٹ کے ساتھ بات چیت جاری ہے اور اس سلسلے میں مقامی انتظامیہ نے مختلف اقدامات کا اعلان کیا ہے جس کے تحت عوام کو ریلیف فراہم کیا جائے گا اور ترقیاتی منصوبوں پر کام تیز کیا جائے گا۔ اجلاس میں متعدد امور پر تفصیلی غور کیا گیا اور فیصلہ کیا گیا کہ آئندہ چند روز میں عملی اقدامات اٹھائے جائیں گے۔ متعلقہ حکام نے یقین دہانی کرائی کہ تمام مسائل کو ترجیحی بنیادوں پر حل کیا جائے گا۔
51	خبر
ضلع میں صاف ستھرا مہم کا دوسرا مرحلہ شروع ہو گیا۔ گورنمنٹ کے ساتھ بات چیت جاری ہے اور اس سلسلے میں مقامی انتظامیہ نے مختلف اقدامات کا اعلان کیا ہے جس کے تحت عوام کو ریلیف فراہم کیا جائے گا اور ترقیاتی منصوبوں پر کام تیز کیا جائے گا۔ اجلاس میں متعدد امور پر تفصیلی غور کیا گیا اور فیصلہ کیا گیا کہ آئندہ چند روز میں عملی اقدامات اٹھائے جائیں گے۔ متعلقہ حکام نے یقین دہانی کرائی کہ تمام مسائل کو ترجیحی بنیادوں پر حل کیا جائے گا۔
52	خبر
پٹواریوں کی کارکردگی کا جائزہ لیا گیا۔ گورنمنٹ کے ساتھ بات چیت جاری ہے اور اس سلسلے میں مقامی انتظامیہ نے مختلف اقدامات کا اعلان کیا ہے جس کے تحت عوام کو ریلیف فراہم کیا جائے گا اور ترقیاتی منصوبوں پر کام تیز کیا جائے گا۔ اجلاس میں متعدد امور پر تفصیلی غور کیا گیا اور فیصلہ کیا گیا کہ آئندہ چند روز میں عملی اقدامات اٹھائے جائیں گے۔ متعلقہ حکام نے یقین دہانی کرائی کہ تمام مسائل کو ترجیحی بنیادوں پر حل کیا جائے گا۔
53	خبر
ماحولیاتی تحفظ کے حوالے سے آگاہی سیمینار منعقد ہوا۔ گورنمنٹ کے ساتھ بات چیت جاری ہے اور اس سلسلے میں مقامی انتظامیہ نے مختلف اقدامات کا اعلان کیا ہے جس کے تحت عوام کو ریلیف فراہم کیا جائے گا اور ترقیاتی منصوبوں پر کام تیز کیا جائے گا۔ اجلاس میں متعدد امور پر تفصیلی غور کیا گیا اور فیصلہ کیا گیا کہ آئندہ چند روز میں عملی اقدامات اٹھائے جائیں گے۔ متعلقہ حکام نے یقین دہانی کرائی کہ تمام مسائل کو ترجیحی بنیادوں پر حل کیا جائے گا۔
54	خبر
بس اڈے کی تعمیر نو کا منصوبہ منظور کر لیا گیا۔ گورنمنٹ کے ساتھ بات چیت جاری ہے اور اس سلسلے میں مقامی انتظامیہ نے مختلف اقدامات کا اعلان کیا ہے جس کے تحت عوام کو ریلیف فراہم کیا جائے گا اور ترقیاتی منصوبوں پر کام تیز کیا جائے گا۔ اجلاس میں متعدد امور پر تفصیلی غور کیا گیا اور فیصلہ کیا گیا کہ آئندہ چند روز میں عملی اقدامات اٹھائے جائیں گے۔ متعلقہ حکام نے یقین دہانی کرائی کہ تمام مسائل کو ترجیحی بنیادوں پر حل کیا جائے گا۔
55	خبر
علاقے میں بجلی کے نئے ٹرانسفارمر نصب کیے گئے۔ گورنمنٹ کے ساتھ بات چیت جاری ہے اور اس سلسلے میں مقامی انتظامیہ نے مختلف اقدامات کا اعلان کیا ہے جس کے تحت عوام کو ریلیف فراہم کیا جائے گا اور ترقیاتی منصوبوں پر کام تیز کیا جائے گا۔ اجلاس میں متعدد امور پر تفصیلی غور کیا گیا اور فیصلہ کیا گیا کہ آئندہ چند روز میں عملی اقدامات اٹھائے جائیں گے۔ متعلقہ حکام نے یقین دہانی کرائی کہ تمام مسائل کو ترجیحی بنیادوں پر حل کیا جائے گا۔
56	خبر
ضلعی عدالت میں مقدمات کی سماعت جاری ہے۔ گورنمنٹ کے ساتھ بات چیت جاری ہے اور اس سلسلے میں مقامی انتظامیہ نے مختلف اقدامات کا اعلان کیا ہے جس کے تحت عوام کو ریلیف فراہم کیا جائے گا اور ترقیاتی منصوبوں پر کام تیز کیا جائے گا۔ اجلاس میں متعدد امور پر تفصیلی غور کیا گیا اور فیصلہ کیا گیا کہ آئندہ چند روز میں عملی اقدامات اٹھائے جائیں گے۔ متعلقہ حکام نے یقین دہانی کرائی کہ تمام مسائل کو ترجیحی بنیادوں پر حل کیا جائے گا۔
57	خبر
طلبہ کے لیے وظائف کا اعلان کیا گیا ہے۔ گورنمنٹ کے ساتھ بات چیت جاری ہے اور اس سلسلے میں مقامی انتظامیہ نے مختلف اقدامات کا اعلان کیا ہے جس کے تحت عوام کو ریلیف فراہم کیا جائے گا اور ترقیاتی منصوبوں پر کام تیز کیا جائے گا۔ اجلاس میں متعدد امور پر تفصیلی غور کیا گیا اور فیصلہ کیا گیا کہ آئندہ چند روز میں عملی اقدامات اٹھائے جائیں گے۔ متعلقہ حکام نے یقین دہانی کرائی کہ تمام مسائل کو ترجیحی بنیادوں پر حل کیا جائے گا۔
58	خبر
تاجر برادری نے انتظامیہ سے ملاقات کی۔ گورنمنٹ کے ساتھ بات چیت جاری ہے اور اس سلسلے میں مقامی انتظامیہ نے مختلف اقدامات کا اعلان کیا ہے جس کے تحت عوام کو ریلیف فراہم کیا جائے گا اور ترقیاتی منصوبوں پر کام تیز کیا جائے گا۔ اجلاس میں متعدد امور پر تفصیلی غور کیا گیا اور فیصلہ کیا گیا کہ آئندہ چند روز میں عملی اقدامات اٹھائے جائیں گے۔ متعلقہ حکام نے یقین دہانی کرائی کہ تمام مسائل کو ترجیحی بنیادوں پر حل کیا جائے گا۔
59	خبر
محکمہ خوراک نے گندم کی خریداری شروع کر دی۔ گورنمنٹ کے ساتھ بات چیت جاری ہے اور اس سلسلے میں مقامی انتظامیہ نے مختلف اقدامات کا اعلان کیا ہے جس کے تحت عوام کو ریلیف فراہم کیا جائے گا اور ترقیاتی منصوبوں پر کام تیز کیا جائے گا۔ اجلاس میں متعدد امور پر تفصیلی غور کیا گیا اور فیصلہ کیا گیا کہ آئندہ چند روز میں عملی اقدامات اٹھائے جائیں گے۔ متعلقہ حکام نے یقین دہانی کرائی کہ تمام مسائل کو ترجیحی بنیادوں پر حل کیا جائے گا۔
گورنمنٹ کے ساتھ بات چیت جاری ہے اور اس سلسلے میں مقامی انتظامیہ نے مختلف اقدامات کا اعلان کیا ہے جس کے تحت عوام کو ریلیف فراہم کیا جائے گا اور ترقیاتی منصوبوں پر کام تیز کیا جائے گا۔ اجلاس میں متعدد امور پر تفصیلی غور کیا گیا اور فیصلہ کیا گیا کہ آئندہ چند روز میں عملی اقدامات اٹھائے جائیں گے۔ متعلقہ حکام نے یقین دہانی کرائی کہ تمام مسائل کو ترجیحی بنیادوں پر حل کیا جائے گا۔ گورنمنٹ کے ساتھ بات چیت جاری ہے اور اس سلسلے میں مقامی انتظامیہ نے مختلف اقدامات کا اعلان کیا ہے جس کے تحت عوام کو ریلیف فراہم کیا جائے گا اور ترقیاتی منصوبوں پر کام تیز کیا جائے گا۔ اجلاس میں متعدد امور پر تفصیلی غور کیا گیا اور فیصلہ کیا گیا کہ آئندہ چند روز میں عملی اقدامات اٹھائے جائیں گے۔ متعلقہ حکام نے یقین دہانی کرائی کہ تمام مسائل کو ترجیحی بنیادوں پر حل کیا جائے گا۔ گورنمنٹ کے ساتھ بات چیت جاری ہے اور اس سلسلے میں مقامی انتظامیہ نے مختلف اقدامات کا اعلان کیا ہے جس کے تحت عوام کو ریلیف فراہم کیا جائے گا اور ترقیاتی منصوبوں پر کام تیز کیا جائے گا۔ اجلاس میں متعدد امور پر تفصیلی غور کیا گیا اور فیصلہ کیا گیا کہ آئندہ چند روز میں عملی اقدامات اٹھائے جائیں گے۔ متعلقہ حکام نے یقین دہانی کرائی کہ تمام مسائل کو ترجیحی بنیادوں پر حل کیا جائے گا۔ گورنمنٹ کے ساتھ بات چیت جاری ہے اور اس سلسلے میں مقامی انتظامیہ نے مختلف اقدامات کا اعلان کیا ہے جس کے تحت عوام کو ریلیف فراہم کیا جائے گا اور ترقیاتی منصوبوں پر کام تیز کیا جائے گا۔ اجلاس میں متعدد امور پر تفصیلی غور کیا گیا اور فیصلہ کیا گیا کہ آئندہ چند روز میں عملی اقدامات اٹھائے جائیں گے۔ متعلقہ حکام نے یقین دہانی کرائی کہ تمام مسائل کو ترجیحی بنیادوں پر حل کیا جائے گا۔ گورنمنٹ کے ساتھ بات چیت جاری ہے اور اس سلسلے میں مقامی انتظامیہ نے مختلف اقدامات کا اعلان کیا ہے جس کے تحت عوام کو ریلیف فراہم کیا جائے گا اور ترقیاتی منصوبوں پر کام تیز کیا جائے گا۔ اجلاس میں متعدد امور پر تفصیلی غور کیا گیا اور فیصلہ کیا گیا کہ آئندہ چند روز میں عملی اقدامات اٹھائے جائیں گے۔ متعلقہ حکام نے یقین دہانی کرائی کہ تمام مسائل کو ترجیحی بنیادوں پر حل کیا جائے گا۔ گورنمنٹ کے ساتھ بات چیت جاری ہے اور اس سلسلے میں مقامی انتظامیہ نے مختلف اقدامات کا اعلان کیا ہے جس کے تحت عوام کو ریلیف فراہم کیا جائے گا اور ترقیاتی منصوبوں پر کام تیز کیا جائے گا۔ اجلاس میں متعدد امور پر تفصیلی غور کیا گیا اور فیصلہ کیا گیا کہ آئندہ چند روز میں عملی اقدامات اٹھائے جائیں گے۔ متعلقہ حکام نے یقین دہانی کرائی کہ تمام مسائل کو ترجیحی بنیادوں پر حل کیا جائے گا۔ گورنمنٹ کے ساتھ بات چیت جاری ہے اور اس سلسلے میں مقامی انتظامیہ نے مختلف اقدامات کا اعلان کیا ہے جس کے تحت عوام کو ریلیف فراہم کیا جائے گا اور ترقیاتی منصوبوں پر کام تیز کیا جائے گا۔ اجلاس میں متعدد امور پر تفصیلی غور کیا گیا اور فیصلہ کیا گیا کہ آئندہ چند روز میں عملی اقدامات اٹھائے جائیں گے۔ متعلقہ حکام نے یقین دہانی کرائی کہ تمام مسائل کو ترجیحی بنیادوں پر حل کیا جائے گا۔ گورنمنٹ کے ساتھ بات چیت جاری ہے اور اس سلسلے میں مقامی انتظامیہ نے مختلف اقدامات کا اعلان کیا ہے جس کے تحت عوام کو ریلیف فراہم کیا جائے گا اور ترقیاتی منصوبوں پر کام تیز کیا جائے گا۔ اجلاس میں متعدد امور پر تفصیلی غور کیا گیا اور فیصلہ کیا گیا کہ آئندہ چند روز میں عملی اقدامات اٹھائے جائیں گے۔ متعلقہ حکام نے یقین دہانی کرائی کہ تمام مسائل کو ترجیحی بنیادوں پر حل کیا جائے گا۔
60	خبر
شہر میں بین الاقوامی معیار کے کھیلوں کے میدان کی تعمیر جاری ہے۔ گورنمنٹ کے ساتھ بات چیت جاری ہے اور اس سلسلے میں مقامی انتظامیہ نے مختلف اقدامات کا اعلان کیا ہے جس کے تحت عوام کو ریلیف فراہم کیا جائے گا اور ترقیاتی منصوبوں پر کام تیز کیا جائے گا۔ اجلاس میں متعدد امور پر تفصیلی غور کیا گیا اور فیصلہ کیا گیا کہ آئندہ چند روز میں عملی اقدامات اٹھائے جائیں گے۔ متعلقہ حکام نے یقین دہانی کرائی کہ تمام مسائل کو ترجیحی بنیادوں پر حل کیا جائے گا۔
61	خبر
مختلف محکموں کے افسران کے تبادلے کر دیے گئے۔ گورنمنٹ کے ساتھ بات چیت جاری ہے اور اس سلسلے میں مقامی انتظامیہ نے مختلف اقدامات کا اعلان کیا ہے جس کے تحت عوام کو ریلیف فراہم کیا جائے گا اور ترقیاتی منصوبوں پر کام تیز کیا جائے گا۔ اجلاس میں متعدد امور پر تفصیلی غور کیا گیا اور فیصلہ کیا گیا کہ آئندہ چند روز میں عملی اقدامات اٹھائے جائیں گے۔ متعلقہ حکام نے یقین دہانی کرائی کہ تمام مسائل کو ترجیحی بنیادوں پر حل کیا جائے گا۔
62	خبر
محکمہ صحت نے ڈینگی سے بچاؤ کی مہم شروع کی۔ گورنمنٹ کے ساتھ بات چیت جاری ہے اور اس سلسلے میں مقامی انتظامیہ نے مختلف اقدامات کا اعلان کیا ہے جس کے تحت عوام کو ریلیف فراہم کیا جائے گا اور ترقیاتی منصوبوں پر کام تیز کیا جائے گا۔ اجلاس میں متعدد امور پر تفصیلی غور کیا گیا اور فیصلہ کیا گیا کہ آئندہ چند روز میں عملی اقدامات اٹھائے جائیں گے۔ متعلقہ حکام نے یقین دہانی کرائی کہ تمام مسائل کو ترجیحی بنیادوں پر حل کیا جائے گا۔
63	خبر
ضلعی سطح پر کتب میلے کا انعقاد کیا گیا۔ گورنمنٹ کے ساتھ بات چیت جاری ہے اور اس سلسلے میں مقامی انتظامیہ نے مختلف اقدامات کا اعلان کیا ہے جس کے تحت عوام کو ریلیف فراہم کیا جائے گا اور ترقیاتی منصوبوں پر کام تیز کیا جائے گا۔ اجلاس میں متعدد امور پر تفصیلی غور کیا گیا اور فیصلہ کیا گیا کہ آئندہ چند روز میں عملی اقدامات اٹھائے جائیں گے۔ متعلقہ حکام نے یقین دہانی کرائی کہ تمام مسائل کو ترجیحی بنیادوں پر حل کیا جائے گا۔
64	خبر
مقامی حکومت نے پارکوں کی بحالی کا کام شروع کیا۔ گورنمنٹ کے ساتھ بات چیت جاری ہے اور اس سلسلے میں مقامی انتظامیہ نے مختلف اقدامات کا اعلان کیا ہے جس کے تحت عوام کو ریلیف فراہم کیا جائے گا اور ترقیاتی منصوبوں پر کام تیز کیا جائے گا۔ اجلاس میں متعدد امور پر تفصیلی غور کیا گیا اور فیصلہ کیا گیا کہ آئندہ چند روز میں عملی اقدامات اٹھائے جائیں گے۔ متعلقہ حکام نے یقین دہانی کرائی کہ تمام مسائل کو ترجیحی بنیادوں پر حل کیا جائے گا۔
65	خبر
بنیادی صحت مراکز میں عملے کی کمی دور کی جائے گی۔ گورنمنٹ کے ساتھ بات چیت جاری ہے اور اس سلسلے میں مقامی انتظامیہ نے مختلف اقدامات کا اعلان کیا ہے جس کے تحت عوام کو ریلیف فراہم کیا جائے گا اور ترقیاتی منصوبوں پر کام تیز کیا جائے گا۔ اجلاس میں متعدد امور پر تفصیلی غور کیا گیا اور فیصلہ کیا گیا کہ آئندہ چند روز میں عملی اقدامات اٹھائے جائیں گے۔ متعلقہ حکام نے یقین دہانی کرائی کہ تمام مسائل کو ترجیحی بنیادوں پر حل کیا جائے گا۔
66	خبر
شہری علاقوں میں پانی کی نئی پائپ لائن بچھائی جا رہی ہے۔ گورنمنٹ کے ساتھ بات چیت جاری ہے اور اس سلسلے میں مقامی انتظامیہ نے مختلف اقدامات کا اعلان کیا ہے جس کے تحت عوام کو ریلیف فراہم کیا جائے گا اور ترقیاتی منصوبوں پر کام تیز کیا جائے گا۔ اجلاس میں متعدد امور پر تفصیلی غور کیا گیا اور فیصلہ کیا گیا کہ آئندہ چند روز میں عملی اقدامات اٹھائے جائیں گے۔ متعلقہ حکام نے یقین دہانی کرائی کہ تمام مسائل کو ترجیحی بنیادوں پر حل کیا جائے گا۔
67	خبر
محکمہ تعلیم نے اساتذہ کی تربیتی ورکشاپ منعقد کی۔ گورنمنٹ کے ساتھ بات چیت جاری ہے اور اس سلسلے میں مقامی انتظامیہ نے مختلف اقدامات کا اعلان کیا ہے جس کے تحت عوام کو ریلیف فراہم کیا جائے گا اور ترقیاتی منصوبوں پر کام تیز کیا جائے گا۔ اجلاس میں متعدد امور پر تفصیلی غور کیا گیا اور فیصلہ کیا گیا کہ آئندہ چند روز میں عملی اقدامات اٹھائے جائیں گے۔ متعلقہ حکام نے یقین دہانی کرائی کہ تمام مسائل کو ترجیحی بنیادوں پر حل کیا جائے گا۔
68	خبر
ٹریفک پولیس نے خصوصی مہم کا آغاز کیا۔ گورنمنٹ کے ساتھ بات چیت جاری ہے اور اس سلسلے میں مقامی انتظامیہ نے مختلف اقدامات کا اعلان کیا ہے جس کے تحت عوام کو ریلیف فراہم کیا جائے گا اور ترقیاتی منصوبوں پر کام تیز کیا جائے گا۔ اجلاس میں متعدد امور پر تفصیلی غور کیا گیا اور فیصلہ کیا گیا کہ آئندہ چند روز میں عملی اقدامات اٹھائے جائیں گے۔ متعلقہ حکام نے یقین دہانی کرائی کہ تمام مسائل کو ترجیحی بنیادوں پر حل کیا جائے گا۔
69	خبر
کسان میلے میں جدید زرعی آلات کی نمائش کی گئی۔ گورنمنٹ کے ساتھ بات چیت جاری ہے اور اس سلسلے میں مقامی انتظامیہ نے مختلف اقدامات کا اعلان کیا ہے جس کے تحت عوام کو ریلیف فراہم کیا جائے گا اور ترقیاتی منصوبوں پر کام تیز کیا جائے گا۔ اجلاس میں متعدد امور پر تفصیلی غور کیا گیا اور فیصلہ کیا گیا کہ آئندہ چند روز میں عملی اقدامات اٹھائے جائیں گے۔ متعلقہ حکام نے یقین دہانی کرائی کہ تمام مسائل کو ترجیحی بنیادوں پر حل کیا جائے گا۔
70	خبر
سرکاری دفاتر میں حاضری یقینی بنانے کی ہدایت کی گئی۔ گورنمنٹ کے ساتھ بات چیت جاری ہے اور اس سلسلے میں مقامی انتظامیہ نے مختلف اقدامات کا اعلان کیا ہے جس کے تحت عوام کو ریلیف فراہم کیا جائے گا اور ترقیاتی منصوبوں پر کام تیز کیا جائے گا۔ اجلاس میں متعدد امور پر تفصیلی غور کیا گیا اور فیصلہ کیا گیا کہ آئندہ چند روز میں عملی اقدامات اٹھائے جائیں گے۔ متعلقہ حکام نے یقین دہانی کرائی کہ تمام مسائل کو ترجیحی بنیادوں پر حل کیا جائے گا۔
گورنمنٹ کے ساتھ بات چیت جاری ہے اور اس سلسلے میں مقامی انتظامیہ نے مختلف اقدامات کا اعلان کیا ہے جس کے تحت عوام کو ریلیف فراہم کیا جائے گا اور ترقیاتی منصوبوں پر کام تیز کیا جائے گا۔ اجلاس میں متعدد امور پر تفصیلی غور کیا گیا اور فیصلہ کیا گیا کہ آئندہ چند روز میں عملی اقدامات اٹھائے جائیں گے۔ متعلقہ حکام نے یقین دہانی کرائی کہ تمام مسائل کو ترجیحی بنیادوں پر حل کیا جائے گا۔ گورنمنٹ کے ساتھ بات چیت جاری ہے اور اس سلسلے میں مقامی انتظامیہ نے مختلف اقدامات کا اعلان کیا ہے جس کے تحت عوام کو ریلیف فراہم کیا جائے گا اور ترقیاتی منصوبوں پر کام تیز کیا جائے گا۔ اجلاس میں متعدد امور پر تفصیلی غور کیا گیا اور فیصلہ کیا گیا کہ آئندہ چند روز میں عملی اقدامات اٹھائے جائیں گے۔ متعلقہ حکام نے یقین دہانی کرائی کہ تمام مسائل کو ترجیحی بنیادوں پر حل کیا جائے گا۔ گورنمنٹ کے ساتھ بات چیت جاری ہے اور اس سلسلے میں مقامی انتظامیہ نے مختلف اقدامات کا اعلان کیا ہے جس کے تحت عوام کو ریلیف فراہم کیا جائے گا اور ترقیاتی منصوبوں پر کام تیز کیا جائے گا۔ اجلاس میں متعدد امور پر تفصیلی غور کیا گیا اور فیصلہ کیا گیا کہ آئندہ چند روز میں عملی اقدامات اٹھائے جائیں گے۔ متعلقہ حکام نے یقین دہانی کرائی کہ تمام مسائل کو ترجیحی بنیادوں پر حل کیا جائے گا۔ گورنمنٹ کے ساتھ بات چیت جاری ہے اور اس سلسلے میں مقامی انتظامیہ نے مختلف اقدامات کا اعلان کیا ہے جس کے تحت عوام کو ریلیف فراہم کیا جائے گا اور ترقیاتی منصوبوں پر کام تیز کیا جائے گا۔ اجلاس میں متعدد امور پر تفصیلی غور کیا گیا اور فیصلہ کیا گیا کہ آئندہ چند روز میں عملی اقدامات اٹھائے جائیں گے۔ متعلقہ حکام نے یقین دہانی کرائی کہ تمام مسائل کو ترجیحی بنیادوں پر حل کیا جائے گا۔ گورنمنٹ کے ساتھ بات چیت جاری ہے اور اس سلسلے میں مقامی انتظامیہ نے مختلف اقدامات کا اعلان کیا ہے جس کے تحت عوام کو ریلیف فراہم کیا جائے گا اور ترقیاتی منصوبوں پر کام تیز کیا جائے گا۔ اجلاس میں متعدد امور پر تفصیلی غور کیا گیا اور فیصلہ کیا گیا کہ آئندہ چند روز میں عملی اقدامات اٹھائے جائیں گے۔ متعلقہ حکام نے یقین دہانی کرائی کہ تمام مسائل کو ترجیحی بنیادوں پر حل کیا جائے گا۔ گورنمنٹ کے ساتھ بات چیت جاری ہے اور اس سلسلے میں مقامی انتظامیہ نے مختلف اقدامات کا اعلان کیا ہے جس کے تحت عوام کو ریلیف فراہم کیا جائے گا اور ترقیاتی منصوبوں پر کام تیز کیا جائے گا۔ اجلاس میں متعدد امور پر تفصیلی غور کیا گیا اور فیصلہ کیا گیا کہ آئندہ چند روز میں عملی اقدامات اٹھائے جائیں گے۔ متعلقہ حکام نے یقین دہانی کرائی کہ تمام مسائل کو ترجیحی بنیادوں پر حل کیا جائے گا۔ گورنمنٹ کے ساتھ بات چیت جاری ہے اور اس سلسلے میں مقامی انتظامیہ نے مختلف اقدامات کا اعلان کیا ہے جس کے تحت عوام کو ریلیف فراہم کیا جائے گا اور ترقیاتی منصوبوں پر کام تیز کیا جائے گا۔ اجلاس میں متعدد امور پر تفصیلی غور کیا گیا اور فیصلہ کیا گیا کہ آئندہ چند روز میں عملی اقدامات اٹھائے جائیں گے۔ متعلقہ حکام نے یقین دہانی کرائی کہ تمام مسائل کو ترجیحی بنیادوں پر حل کیا جائے گا۔ گورنمنٹ کے ساتھ بات چیت جاری ہے اور اس سلسلے میں مقامی انتظامیہ نے مختلف اقدامات کا اعلان کیا ہے جس کے تحت عوام کو ریلیف فراہم کیا جائے گا اور ترقیاتی منصوبوں پر کام تیز کیا جائے گا۔ اجلاس میں متعدد امور پر تفصیلی غور کیا گیا اور فیصلہ کیا گیا کہ آئندہ چند روز میں عملی اقدامات اٹھائے جائیں گے۔ متعلقہ حکام نے یقین دہانی کرائی کہ تمام مسائل کو ترجیحی بنیادوں پر حل کیا جائے گا۔
عاق نامہ
من کہ محمد اکرم ولد محمد رشید ساکن ضلع باغ آزاد کشمیر اپنے بیٹے کو اس کی نافرمانی اور بدسلوکی کی وجہ سے اپنی جائیداد منقولہ و غیر منقولہ سے عاق کرتا ہوں۔ آئندہ اس کے کسی لین دین کا میں ذمہ دار نہ ہوں گا۔ گورنمنٹ کے ساتھ بات چیت جاری ہے اور اس سلسلے میں مقامی انتظامیہ نے مختلف اقدامات کا اعلان کیا ہے جس کے تحت عوام کو ریلیف فراہم کیا جائے گا اور ترقیاتی منصوبوں پر کام تیز کیا جائے گا۔ اجلاس میں متعدد امور پر تفصیلی غور کیا گیا اور فیصلہ کیا گیا کہ آئندہ چند روز میں عملی اقدامات اٹھائے جائیں گے۔ متعلقہ حکام نے یقین دہانی کرائی کہ تمام مسائل کو ترجیحی بنیادوں پر حل کیا جائے گا۔ گورنمنٹ کے ساتھ بات چیت جاری ہے اور اس سلسلے میں مقامی انتظامیہ نے مختلف اقدامات کا اعلان کیا ہے جس کے تحت عوام کو ریلیف فراہم کیا جائے گا اور ترقیاتی منصوبوں پر کام تیز کیا جائے گا۔ اجلاس میں متعدد امور پر تفصیلی غور کیا گیا اور فیصلہ کیا گیا کہ آئندہ چند روز میں عملی اقدامات اٹھائے جائیں گے۔ متعلقہ حکام نے یقین دہانی کرائی کہ تمام مسائل کو ترجیحی بنیادوں پر حل کیا جائے گا۔
اشتہار گمشدگی کاغذات
میرے کاغذات گاڑی نمبری AJKE2776 انجن نمبر BI-0245925 چیسز نمبر 97828 گم ہو گئے ہیں۔ جس کسی صاحب کو ملیں براہ کرم مطلع فرمائیں۔ 81103-8456549-9 گورنمنٹ کے ساتھ بات چیت جاری ہے اور اس سلسلے میں مقامی انتظامیہ نے مختلف اقدامات کا اعلان کیا ہے جس کے تحت عوام کو ریلیف فراہم کیا جائے گا اور ترقیاتی منصوبوں پر کام تیز کیا جائے گا۔ اجلاس میں متعدد امور پر تفصیلی غور کیا گیا اور فیصلہ کیا گیا کہ آئندہ چند روز میں عملی اقدامات اٹھائے جائیں گے۔ متعلقہ حکام نے یقین دہانی کرائی کہ تمام مسائل کو ترجیحی بنیادوں پر حل کیا جائے گا۔ گورنمنٹ کے ساتھ بات چیت جاری ہے اور اس سلسلے میں مقامی انتظامیہ نے مختلف اقدامات کا اعلان کیا ہے جس کے تحت عوام کو ریلیف فراہم کیا جائے گا اور ترقیاتی منصوبوں پر کام تیز کیا جائے گا۔ اجلاس میں متعدد امور پر تفصیلی غور کیا گیا اور فیصلہ کیا گیا کہ آئندہ چند روز میں عملی اقدامات اٹھائے جائیں گے۔ متعلقہ حکام نے یقین دہانی کرائی کہ تمام مسائل کو ترجیحی بنیادوں پر حل کیا جائے گا۔
اقرار نامہ معاہدہ بیع
من کہ مسمی محمد یونس ولد محمد اسلم ساکن تحصیل و ضلع ہجیرہ بروئے کھیوٹ نمبر 19 کھتونی نمبر 259 خسرہ نمبر 5870/2552 رقبہ 71.10 مرلہ واقع موضع اراضی فروخت کرتا ہوں۔ کسی کو اعتراض ہو تو پندرہ یوم کے اندر رجوع کرے۔ گورنمنٹ کے ساتھ بات چیت جاری ہے اور اس سلسلے میں مقامی انتظامیہ نے مختلف اقدامات کا اعلان کیا ہے جس کے تحت عوام کو ریلیف فراہم کیا جائے گا اور ترقیاتی منصوبوں پر کام تیز کیا جائے گا۔ اجلاس میں متعدد امور پر تفصیلی غور کیا گیا اور فیصلہ کیا گیا کہ آئندہ چند روز میں عملی اقدامات اٹھائے جائیں گے۔ متعلقہ حکام نے یقین دہانی کرائی کہ تمام مسائل کو ترجیحی بنیادوں پر حل کیا جائے گا۔ گورنمنٹ کے ساتھ بات چیت جاری ہے اور اس سلسلے میں مقامی انتظامیہ نے مختلف اقدامات کا اعلان کیا ہے جس کے تحت عوام کو ریلیف فراہم کیا جائے گا اور ترقیاتی منصوبوں پر کام تیز کیا جائے گا۔ اجلاس میں متعدد امور پر تفصیلی غور کیا گیا اور فیصلہ کیا گیا کہ آئندہ چند روز میں عملی اقدامات اٹھائے جائیں گے۔ متعلقہ حکام نے یقین دہانی کرائی کہ تمام مسائل کو ترجیحی بنیادوں پر حل کیا جائے گا۔
